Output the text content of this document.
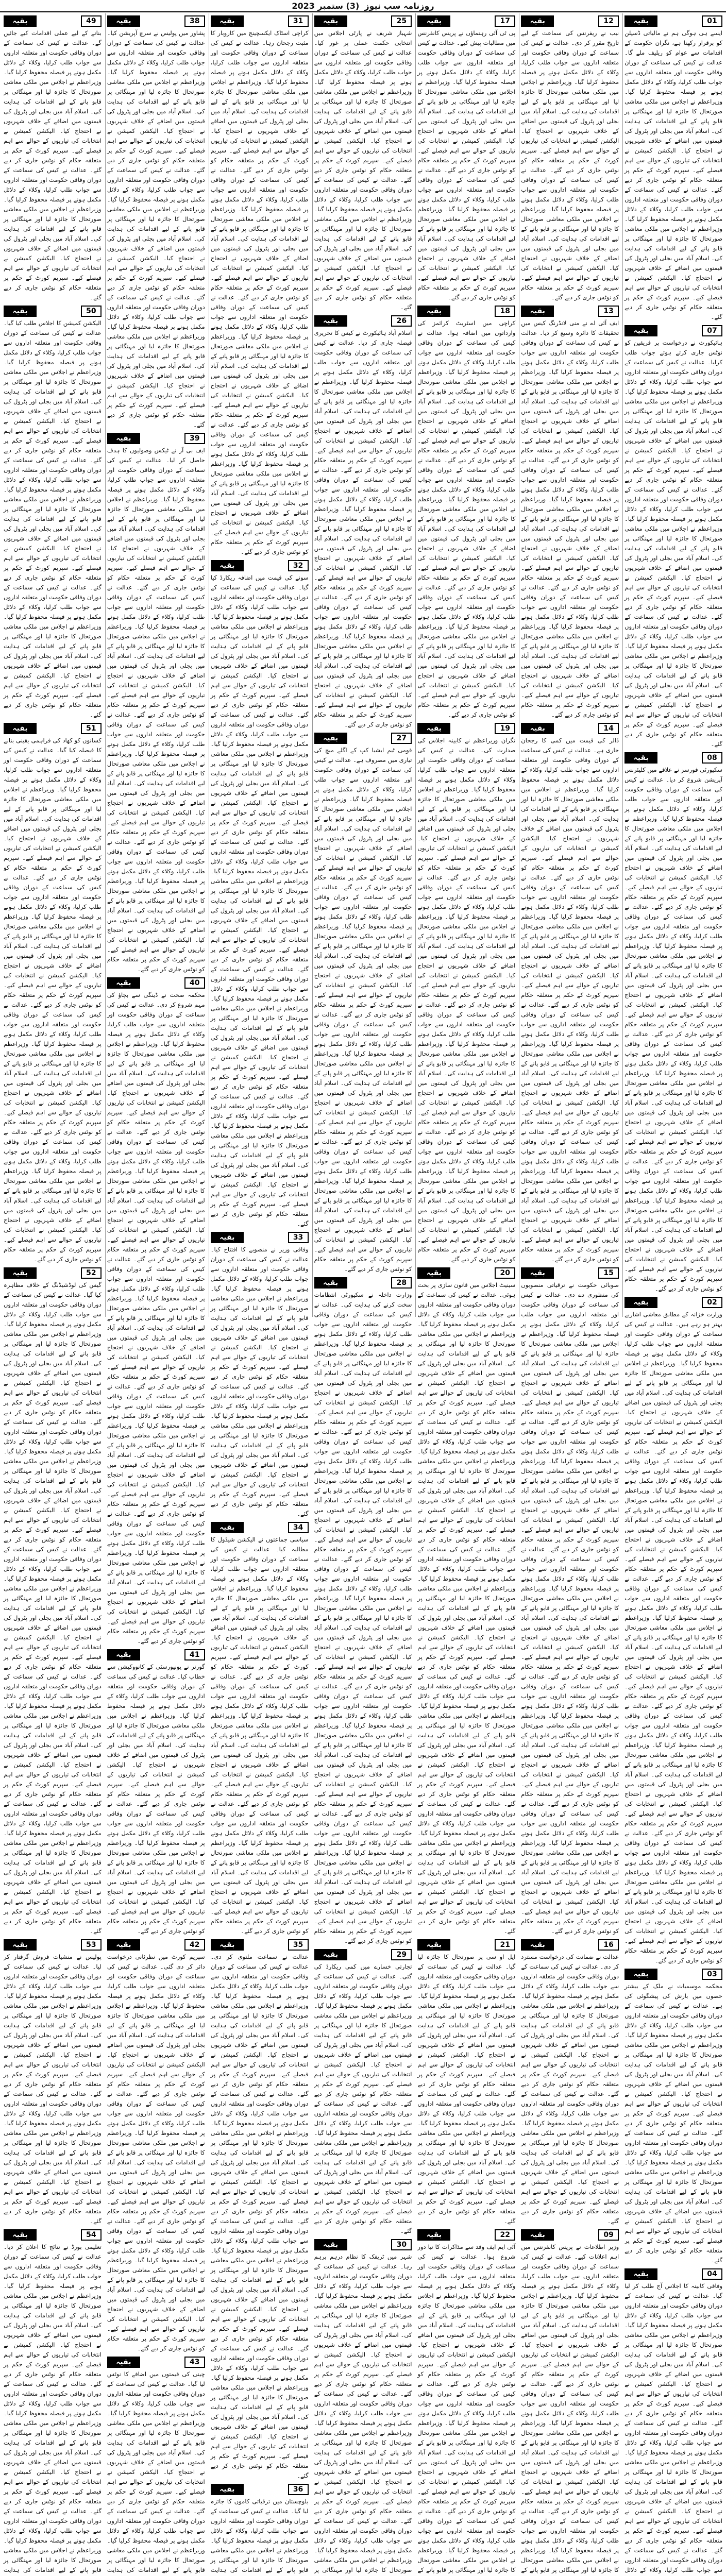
روزنامہ سب نیوز
(3) ستمبر 2023
01
بقیہ
ایسے ہی ہوگی ہم نے مالیاتی ڈسپلن کو برقرار رکھنا ہے، نگران حکومت کے اقدامات سے عوام کو ریلیف ملے گا۔ عدالت نے کیس کی سماعت کے دوران وفاقی حکومت اور متعلقہ اداروں سے جواب طلب کرلیا، وکلاء کے دلائل مکمل ہونے پر فیصلہ محفوظ کرلیا گیا۔ وزیراعظم نے اجلاس میں ملکی معاشی صورتحال کا جائزہ لیا اور مہنگائی پر قابو پانے کے لیے اقدامات کی ہدایت کی۔ اسلام آباد میں بجلی اور پٹرول کی قیمتوں میں اضافے کے خلاف شہریوں نے احتجاج کیا۔ الیکشن کمیشن نے انتخابات کی تیاریوں کے حوالے سے اہم فیصلے کیے۔ سپریم کورٹ کے حکم پر متعلقہ حکام کو نوٹس جاری کر دیے گئے۔ عدالت نے کیس کی سماعت کے دوران وفاقی حکومت اور متعلقہ اداروں سے جواب طلب کرلیا، وکلاء کے دلائل مکمل ہونے پر فیصلہ محفوظ کرلیا گیا۔ وزیراعظم نے اجلاس میں ملکی معاشی صورتحال کا جائزہ لیا اور مہنگائی پر قابو پانے کے لیے اقدامات کی ہدایت کی۔ اسلام آباد میں بجلی اور پٹرول کی قیمتوں میں اضافے کے خلاف شہریوں نے احتجاج کیا۔ الیکشن کمیشن نے انتخابات کی تیاریوں کے حوالے سے اہم فیصلے کیے۔ سپریم کورٹ کے حکم پر متعلقہ حکام کو نوٹس جاری کر دیے گئے۔
07
بقیہ
ہائیکورٹ نے درخواست پر فریقین کو نوٹس جاری کرتے ہوئے جواب طلب کرلیا۔ عدالت نے کیس کی سماعت کے دوران وفاقی حکومت اور متعلقہ اداروں سے جواب طلب کرلیا، وکلاء کے دلائل مکمل ہونے پر فیصلہ محفوظ کرلیا گیا۔ وزیراعظم نے اجلاس میں ملکی معاشی صورتحال کا جائزہ لیا اور مہنگائی پر قابو پانے کے لیے اقدامات کی ہدایت کی۔ اسلام آباد میں بجلی اور پٹرول کی قیمتوں میں اضافے کے خلاف شہریوں نے احتجاج کیا۔ الیکشن کمیشن نے انتخابات کی تیاریوں کے حوالے سے اہم فیصلے کیے۔ سپریم کورٹ کے حکم پر متعلقہ حکام کو نوٹس جاری کر دیے گئے۔ عدالت نے کیس کی سماعت کے دوران وفاقی حکومت اور متعلقہ اداروں سے جواب طلب کرلیا، وکلاء کے دلائل مکمل ہونے پر فیصلہ محفوظ کرلیا گیا۔ وزیراعظم نے اجلاس میں ملکی معاشی صورتحال کا جائزہ لیا اور مہنگائی پر قابو پانے کے لیے اقدامات کی ہدایت کی۔ اسلام آباد میں بجلی اور پٹرول کی قیمتوں میں اضافے کے خلاف شہریوں نے احتجاج کیا۔ الیکشن کمیشن نے انتخابات کی تیاریوں کے حوالے سے اہم فیصلے کیے۔ سپریم کورٹ کے حکم پر متعلقہ حکام کو نوٹس جاری کر دیے گئے۔ عدالت نے کیس کی سماعت کے دوران وفاقی حکومت اور متعلقہ اداروں سے جواب طلب کرلیا، وکلاء کے دلائل مکمل ہونے پر فیصلہ محفوظ کرلیا گیا۔ وزیراعظم نے اجلاس میں ملکی معاشی صورتحال کا جائزہ لیا اور مہنگائی پر قابو پانے کے لیے اقدامات کی ہدایت کی۔ اسلام آباد میں بجلی اور پٹرول کی قیمتوں میں اضافے کے خلاف شہریوں نے احتجاج کیا۔ الیکشن کمیشن نے انتخابات کی تیاریوں کے حوالے سے اہم فیصلے کیے۔ سپریم کورٹ کے حکم پر متعلقہ حکام کو نوٹس جاری کر دیے گئے۔
08
بقیہ
سکیورٹی فورسز نے علاقے میں کلیئرنس آپریشن شروع کر دیا۔ عدالت نے کیس کی سماعت کے دوران وفاقی حکومت اور متعلقہ اداروں سے جواب طلب کرلیا، وکلاء کے دلائل مکمل ہونے پر فیصلہ محفوظ کرلیا گیا۔ وزیراعظم نے اجلاس میں ملکی معاشی صورتحال کا جائزہ لیا اور مہنگائی پر قابو پانے کے لیے اقدامات کی ہدایت کی۔ اسلام آباد میں بجلی اور پٹرول کی قیمتوں میں اضافے کے خلاف شہریوں نے احتجاج کیا۔ الیکشن کمیشن نے انتخابات کی تیاریوں کے حوالے سے اہم فیصلے کیے۔ سپریم کورٹ کے حکم پر متعلقہ حکام کو نوٹس جاری کر دیے گئے۔ عدالت نے کیس کی سماعت کے دوران وفاقی حکومت اور متعلقہ اداروں سے جواب طلب کرلیا، وکلاء کے دلائل مکمل ہونے پر فیصلہ محفوظ کرلیا گیا۔ وزیراعظم نے اجلاس میں ملکی معاشی صورتحال کا جائزہ لیا اور مہنگائی پر قابو پانے کے لیے اقدامات کی ہدایت کی۔ اسلام آباد میں بجلی اور پٹرول کی قیمتوں میں اضافے کے خلاف شہریوں نے احتجاج کیا۔ الیکشن کمیشن نے انتخابات کی تیاریوں کے حوالے سے اہم فیصلے کیے۔ سپریم کورٹ کے حکم پر متعلقہ حکام کو نوٹس جاری کر دیے گئے۔ عدالت نے کیس کی سماعت کے دوران وفاقی حکومت اور متعلقہ اداروں سے جواب طلب کرلیا، وکلاء کے دلائل مکمل ہونے پر فیصلہ محفوظ کرلیا گیا۔ وزیراعظم نے اجلاس میں ملکی معاشی صورتحال کا جائزہ لیا اور مہنگائی پر قابو پانے کے لیے اقدامات کی ہدایت کی۔ اسلام آباد میں بجلی اور پٹرول کی قیمتوں میں اضافے کے خلاف شہریوں نے احتجاج کیا۔ الیکشن کمیشن نے انتخابات کی تیاریوں کے حوالے سے اہم فیصلے کیے۔ سپریم کورٹ کے حکم پر متعلقہ حکام کو نوٹس جاری کر دیے گئے۔ عدالت نے کیس کی سماعت کے دوران وفاقی حکومت اور متعلقہ اداروں سے جواب طلب کرلیا، وکلاء کے دلائل مکمل ہونے پر فیصلہ محفوظ کرلیا گیا۔ وزیراعظم نے اجلاس میں ملکی معاشی صورتحال کا جائزہ لیا اور مہنگائی پر قابو پانے کے لیے اقدامات کی ہدایت کی۔ اسلام آباد میں بجلی اور پٹرول کی قیمتوں میں اضافے کے خلاف شہریوں نے احتجاج کیا۔ الیکشن کمیشن نے انتخابات کی تیاریوں کے حوالے سے اہم فیصلے کیے۔ سپریم کورٹ کے حکم پر متعلقہ حکام کو نوٹس جاری کر دیے گئے۔
02
بقیہ
وزارت خزانہ کے مطابق معاشی اشاریے بہتر ہو رہے ہیں۔ عدالت نے کیس کی سماعت کے دوران وفاقی حکومت اور متعلقہ اداروں سے جواب طلب کرلیا، وکلاء کے دلائل مکمل ہونے پر فیصلہ محفوظ کرلیا گیا۔ وزیراعظم نے اجلاس میں ملکی معاشی صورتحال کا جائزہ لیا اور مہنگائی پر قابو پانے کے لیے اقدامات کی ہدایت کی۔ اسلام آباد میں بجلی اور پٹرول کی قیمتوں میں اضافے کے خلاف شہریوں نے احتجاج کیا۔ الیکشن کمیشن نے انتخابات کی تیاریوں کے حوالے سے اہم فیصلے کیے۔ سپریم کورٹ کے حکم پر متعلقہ حکام کو نوٹس جاری کر دیے گئے۔ عدالت نے کیس کی سماعت کے دوران وفاقی حکومت اور متعلقہ اداروں سے جواب طلب کرلیا، وکلاء کے دلائل مکمل ہونے پر فیصلہ محفوظ کرلیا گیا۔ وزیراعظم نے اجلاس میں ملکی معاشی صورتحال کا جائزہ لیا اور مہنگائی پر قابو پانے کے لیے اقدامات کی ہدایت کی۔ اسلام آباد میں بجلی اور پٹرول کی قیمتوں میں اضافے کے خلاف شہریوں نے احتجاج کیا۔ الیکشن کمیشن نے انتخابات کی تیاریوں کے حوالے سے اہم فیصلے کیے۔ سپریم کورٹ کے حکم پر متعلقہ حکام کو نوٹس جاری کر دیے گئے۔ عدالت نے کیس کی سماعت کے دوران وفاقی حکومت اور متعلقہ اداروں سے جواب طلب کرلیا، وکلاء کے دلائل مکمل ہونے پر فیصلہ محفوظ کرلیا گیا۔ وزیراعظم نے اجلاس میں ملکی معاشی صورتحال کا جائزہ لیا اور مہنگائی پر قابو پانے کے لیے اقدامات کی ہدایت کی۔ اسلام آباد میں بجلی اور پٹرول کی قیمتوں میں اضافے کے خلاف شہریوں نے احتجاج کیا۔ الیکشن کمیشن نے انتخابات کی تیاریوں کے حوالے سے اہم فیصلے کیے۔ سپریم کورٹ کے حکم پر متعلقہ حکام کو نوٹس جاری کر دیے گئے۔ عدالت نے کیس کی سماعت کے دوران وفاقی حکومت اور متعلقہ اداروں سے جواب طلب کرلیا، وکلاء کے دلائل مکمل ہونے پر فیصلہ محفوظ کرلیا گیا۔ وزیراعظم نے اجلاس میں ملکی معاشی صورتحال کا جائزہ لیا اور مہنگائی پر قابو پانے کے لیے اقدامات کی ہدایت کی۔ اسلام آباد میں بجلی اور پٹرول کی قیمتوں میں اضافے کے خلاف شہریوں نے احتجاج کیا۔ الیکشن کمیشن نے انتخابات کی تیاریوں کے حوالے سے اہم فیصلے کیے۔ سپریم کورٹ کے حکم پر متعلقہ حکام کو نوٹس جاری کر دیے گئے۔ عدالت نے کیس کی سماعت کے دوران وفاقی حکومت اور متعلقہ اداروں سے جواب طلب کرلیا، وکلاء کے دلائل مکمل ہونے پر فیصلہ محفوظ کرلیا گیا۔ وزیراعظم نے اجلاس میں ملکی معاشی صورتحال کا جائزہ لیا اور مہنگائی پر قابو پانے کے لیے اقدامات کی ہدایت کی۔ اسلام آباد میں بجلی اور پٹرول کی قیمتوں میں اضافے کے خلاف شہریوں نے احتجاج کیا۔ الیکشن کمیشن نے انتخابات کی تیاریوں کے حوالے سے اہم فیصلے کیے۔ سپریم کورٹ کے حکم پر متعلقہ حکام کو نوٹس جاری کر دیے گئے۔
03
بقیہ
محکمہ موسمیات نے ملک کے بیشتر حصوں میں بارش کی پیشگوئی کی ہے۔ عدالت نے کیس کی سماعت کے دوران وفاقی حکومت اور متعلقہ اداروں سے جواب طلب کرلیا، وکلاء کے دلائل مکمل ہونے پر فیصلہ محفوظ کرلیا گیا۔ وزیراعظم نے اجلاس میں ملکی معاشی صورتحال کا جائزہ لیا اور مہنگائی پر قابو پانے کے لیے اقدامات کی ہدایت کی۔ اسلام آباد میں بجلی اور پٹرول کی قیمتوں میں اضافے کے خلاف شہریوں نے احتجاج کیا۔ الیکشن کمیشن نے انتخابات کی تیاریوں کے حوالے سے اہم فیصلے کیے۔ سپریم کورٹ کے حکم پر متعلقہ حکام کو نوٹس جاری کر دیے گئے۔ عدالت نے کیس کی سماعت کے دوران وفاقی حکومت اور متعلقہ اداروں سے جواب طلب کرلیا، وکلاء کے دلائل مکمل ہونے پر فیصلہ محفوظ کرلیا گیا۔ وزیراعظم نے اجلاس میں ملکی معاشی صورتحال کا جائزہ لیا اور مہنگائی پر قابو پانے کے لیے اقدامات کی ہدایت کی۔ اسلام آباد میں بجلی اور پٹرول کی قیمتوں میں اضافے کے خلاف شہریوں نے احتجاج کیا۔ الیکشن کمیشن نے انتخابات کی تیاریوں کے حوالے سے اہم فیصلے کیے۔ سپریم کورٹ کے حکم پر متعلقہ حکام کو نوٹس جاری کر دیے گئے۔
04
بقیہ
وفاقی کابینہ کا اجلاس آج طلب کر لیا گیا۔ عدالت نے کیس کی سماعت کے دوران وفاقی حکومت اور متعلقہ اداروں سے جواب طلب کرلیا، وکلاء کے دلائل مکمل ہونے پر فیصلہ محفوظ کرلیا گیا۔ وزیراعظم نے اجلاس میں ملکی معاشی صورتحال کا جائزہ لیا اور مہنگائی پر قابو پانے کے لیے اقدامات کی ہدایت کی۔ اسلام آباد میں بجلی اور پٹرول کی قیمتوں میں اضافے کے خلاف شہریوں نے احتجاج کیا۔ الیکشن کمیشن نے انتخابات کی تیاریوں کے حوالے سے اہم فیصلے کیے۔ سپریم کورٹ کے حکم پر متعلقہ حکام کو نوٹس جاری کر دیے گئے۔ عدالت نے کیس کی سماعت کے دوران وفاقی حکومت اور متعلقہ اداروں سے جواب طلب کرلیا، وکلاء کے دلائل مکمل ہونے پر فیصلہ محفوظ کرلیا گیا۔ وزیراعظم نے اجلاس میں ملکی معاشی صورتحال کا جائزہ لیا اور مہنگائی پر قابو پانے کے لیے اقدامات کی ہدایت کی۔ اسلام آباد میں بجلی اور پٹرول کی قیمتوں میں اضافے کے خلاف شہریوں نے احتجاج کیا۔ الیکشن کمیشن نے انتخابات کی تیاریوں کے حوالے سے اہم فیصلے کیے۔ سپریم کورٹ کے حکم پر متعلقہ حکام کو نوٹس جاری کر دیے گئے۔ عدالت نے کیس کی سماعت کے دوران وفاقی حکومت اور متعلقہ اداروں سے جواب طلب کرلیا، وکلاء کے دلائل
12
بقیہ
نیب نے ریفرنس کی سماعت کے لیے تاریخ مقرر کر دی۔ عدالت نے کیس کی سماعت کے دوران وفاقی حکومت اور متعلقہ اداروں سے جواب طلب کرلیا، وکلاء کے دلائل مکمل ہونے پر فیصلہ محفوظ کرلیا گیا۔ وزیراعظم نے اجلاس میں ملکی معاشی صورتحال کا جائزہ لیا اور مہنگائی پر قابو پانے کے لیے اقدامات کی ہدایت کی۔ اسلام آباد میں بجلی اور پٹرول کی قیمتوں میں اضافے کے خلاف شہریوں نے احتجاج کیا۔ الیکشن کمیشن نے انتخابات کی تیاریوں کے حوالے سے اہم فیصلے کیے۔ سپریم کورٹ کے حکم پر متعلقہ حکام کو نوٹس جاری کر دیے گئے۔ عدالت نے کیس کی سماعت کے دوران وفاقی حکومت اور متعلقہ اداروں سے جواب طلب کرلیا، وکلاء کے دلائل مکمل ہونے پر فیصلہ محفوظ کرلیا گیا۔ وزیراعظم نے اجلاس میں ملکی معاشی صورتحال کا جائزہ لیا اور مہنگائی پر قابو پانے کے لیے اقدامات کی ہدایت کی۔ اسلام آباد میں بجلی اور پٹرول کی قیمتوں میں اضافے کے خلاف شہریوں نے احتجاج کیا۔ الیکشن کمیشن نے انتخابات کی تیاریوں کے حوالے سے اہم فیصلے کیے۔ سپریم کورٹ کے حکم پر متعلقہ حکام کو نوٹس جاری کر دیے گئے۔
13
بقیہ
ایف آئی اے نے منی لانڈرنگ کیس میں تحقیقات کا دائرہ وسیع کر دیا۔ عدالت نے کیس کی سماعت کے دوران وفاقی حکومت اور متعلقہ اداروں سے جواب طلب کرلیا، وکلاء کے دلائل مکمل ہونے پر فیصلہ محفوظ کرلیا گیا۔ وزیراعظم نے اجلاس میں ملکی معاشی صورتحال کا جائزہ لیا اور مہنگائی پر قابو پانے کے لیے اقدامات کی ہدایت کی۔ اسلام آباد میں بجلی اور پٹرول کی قیمتوں میں اضافے کے خلاف شہریوں نے احتجاج کیا۔ الیکشن کمیشن نے انتخابات کی تیاریوں کے حوالے سے اہم فیصلے کیے۔ سپریم کورٹ کے حکم پر متعلقہ حکام کو نوٹس جاری کر دیے گئے۔ عدالت نے کیس کی سماعت کے دوران وفاقی حکومت اور متعلقہ اداروں سے جواب طلب کرلیا، وکلاء کے دلائل مکمل ہونے پر فیصلہ محفوظ کرلیا گیا۔ وزیراعظم نے اجلاس میں ملکی معاشی صورتحال کا جائزہ لیا اور مہنگائی پر قابو پانے کے لیے اقدامات کی ہدایت کی۔ اسلام آباد میں بجلی اور پٹرول کی قیمتوں میں اضافے کے خلاف شہریوں نے احتجاج کیا۔ الیکشن کمیشن نے انتخابات کی تیاریوں کے حوالے سے اہم فیصلے کیے۔ سپریم کورٹ کے حکم پر متعلقہ حکام کو نوٹس جاری کر دیے گئے۔ عدالت نے کیس کی سماعت کے دوران وفاقی حکومت اور متعلقہ اداروں سے جواب طلب کرلیا، وکلاء کے دلائل مکمل ہونے پر فیصلہ محفوظ کرلیا گیا۔ وزیراعظم نے اجلاس میں ملکی معاشی صورتحال کا جائزہ لیا اور مہنگائی پر قابو پانے کے لیے اقدامات کی ہدایت کی۔ اسلام آباد میں بجلی اور پٹرول کی قیمتوں میں اضافے کے خلاف شہریوں نے احتجاج کیا۔ الیکشن کمیشن نے انتخابات کی تیاریوں کے حوالے سے اہم فیصلے کیے۔ سپریم کورٹ کے حکم پر متعلقہ حکام کو نوٹس جاری کر دیے گئے۔
14
بقیہ
ڈالر کی قیمت میں کمی کا رجحان جاری ہے۔ عدالت نے کیس کی سماعت کے دوران وفاقی حکومت اور متعلقہ اداروں سے جواب طلب کرلیا، وکلاء کے دلائل مکمل ہونے پر فیصلہ محفوظ کرلیا گیا۔ وزیراعظم نے اجلاس میں ملکی معاشی صورتحال کا جائزہ لیا اور مہنگائی پر قابو پانے کے لیے اقدامات کی ہدایت کی۔ اسلام آباد میں بجلی اور پٹرول کی قیمتوں میں اضافے کے خلاف شہریوں نے احتجاج کیا۔ الیکشن کمیشن نے انتخابات کی تیاریوں کے حوالے سے اہم فیصلے کیے۔ سپریم کورٹ کے حکم پر متعلقہ حکام کو نوٹس جاری کر دیے گئے۔ عدالت نے کیس کی سماعت کے دوران وفاقی حکومت اور متعلقہ اداروں سے جواب طلب کرلیا، وکلاء کے دلائل مکمل ہونے پر فیصلہ محفوظ کرلیا گیا۔ وزیراعظم نے اجلاس میں ملکی معاشی صورتحال کا جائزہ لیا اور مہنگائی پر قابو پانے کے لیے اقدامات کی ہدایت کی۔ اسلام آباد میں بجلی اور پٹرول کی قیمتوں میں اضافے کے خلاف شہریوں نے احتجاج کیا۔ الیکشن کمیشن نے انتخابات کی تیاریوں کے حوالے سے اہم فیصلے کیے۔ سپریم کورٹ کے حکم پر متعلقہ حکام کو نوٹس جاری کر دیے گئے۔ عدالت نے کیس کی سماعت کے دوران وفاقی حکومت اور متعلقہ اداروں سے جواب طلب کرلیا، وکلاء کے دلائل مکمل ہونے پر فیصلہ محفوظ کرلیا گیا۔ وزیراعظم نے اجلاس میں ملکی معاشی صورتحال کا جائزہ لیا اور مہنگائی پر قابو پانے کے لیے اقدامات کی ہدایت کی۔ اسلام آباد میں بجلی اور پٹرول کی قیمتوں میں اضافے کے خلاف شہریوں نے احتجاج کیا۔ الیکشن کمیشن نے انتخابات کی تیاریوں کے حوالے سے اہم فیصلے کیے۔ سپریم کورٹ کے حکم پر متعلقہ حکام کو نوٹس جاری کر دیے گئے۔ عدالت نے کیس کی سماعت کے دوران وفاقی حکومت اور متعلقہ اداروں سے جواب طلب کرلیا، وکلاء کے دلائل مکمل ہونے پر فیصلہ محفوظ کرلیا گیا۔ وزیراعظم نے اجلاس میں ملکی معاشی صورتحال کا جائزہ لیا اور مہنگائی پر قابو پانے کے لیے اقدامات کی ہدایت کی۔ اسلام آباد میں بجلی اور پٹرول کی قیمتوں میں اضافے کے خلاف شہریوں نے احتجاج کیا۔ الیکشن کمیشن نے انتخابات کی تیاریوں کے حوالے سے اہم فیصلے کیے۔ سپریم کورٹ کے حکم پر متعلقہ حکام کو نوٹس جاری کر دیے گئے۔
15
بقیہ
صوبائی حکومت نے ترقیاتی منصوبوں کی منظوری دے دی۔ عدالت نے کیس کی سماعت کے دوران وفاقی حکومت اور متعلقہ اداروں سے جواب طلب کرلیا، وکلاء کے دلائل مکمل ہونے پر فیصلہ محفوظ کرلیا گیا۔ وزیراعظم نے اجلاس میں ملکی معاشی صورتحال کا جائزہ لیا اور مہنگائی پر قابو پانے کے لیے اقدامات کی ہدایت کی۔ اسلام آباد میں بجلی اور پٹرول کی قیمتوں میں اضافے کے خلاف شہریوں نے احتجاج کیا۔ الیکشن کمیشن نے انتخابات کی تیاریوں کے حوالے سے اہم فیصلے کیے۔ سپریم کورٹ کے حکم پر متعلقہ حکام کو نوٹس جاری کر دیے گئے۔ عدالت نے کیس کی سماعت کے دوران وفاقی حکومت اور متعلقہ اداروں سے جواب طلب کرلیا، وکلاء کے دلائل مکمل ہونے پر فیصلہ محفوظ کرلیا گیا۔ وزیراعظم نے اجلاس میں ملکی معاشی صورتحال کا جائزہ لیا اور مہنگائی پر قابو پانے کے لیے اقدامات کی ہدایت کی۔ اسلام آباد میں بجلی اور پٹرول کی قیمتوں میں اضافے کے خلاف شہریوں نے احتجاج کیا۔ الیکشن کمیشن نے انتخابات کی تیاریوں کے حوالے سے اہم فیصلے کیے۔ سپریم کورٹ کے حکم پر متعلقہ حکام کو نوٹس جاری کر دیے گئے۔ عدالت نے کیس کی سماعت کے دوران وفاقی حکومت اور متعلقہ اداروں سے جواب طلب کرلیا، وکلاء کے دلائل مکمل ہونے پر فیصلہ محفوظ کرلیا گیا۔ وزیراعظم نے اجلاس میں ملکی معاشی صورتحال کا جائزہ لیا اور مہنگائی پر قابو پانے کے لیے اقدامات کی ہدایت کی۔ اسلام آباد میں بجلی اور پٹرول کی قیمتوں میں اضافے کے خلاف شہریوں نے احتجاج کیا۔ الیکشن کمیشن نے انتخابات کی تیاریوں کے حوالے سے اہم فیصلے کیے۔ سپریم کورٹ کے حکم پر متعلقہ حکام کو نوٹس جاری کر دیے گئے۔ عدالت نے کیس کی سماعت کے دوران وفاقی حکومت اور متعلقہ اداروں سے جواب طلب کرلیا، وکلاء کے دلائل مکمل ہونے پر فیصلہ محفوظ کرلیا گیا۔ وزیراعظم نے اجلاس میں ملکی معاشی صورتحال کا جائزہ لیا اور مہنگائی پر قابو پانے کے لیے اقدامات کی ہدایت کی۔ اسلام آباد میں بجلی اور پٹرول کی قیمتوں میں اضافے کے خلاف شہریوں نے احتجاج کیا۔ الیکشن کمیشن نے انتخابات کی تیاریوں کے حوالے سے اہم فیصلے کیے۔ سپریم کورٹ کے حکم پر متعلقہ حکام کو نوٹس جاری کر دیے گئے۔ عدالت نے کیس کی سماعت کے دوران وفاقی حکومت اور متعلقہ اداروں سے جواب طلب کرلیا، وکلاء کے دلائل مکمل ہونے پر فیصلہ محفوظ کرلیا گیا۔ وزیراعظم نے اجلاس میں ملکی معاشی صورتحال کا جائزہ لیا اور مہنگائی پر قابو پانے کے لیے اقدامات کی ہدایت کی۔ اسلام آباد میں بجلی اور پٹرول کی قیمتوں میں اضافے کے خلاف شہریوں نے احتجاج کیا۔ الیکشن کمیشن نے انتخابات کی تیاریوں کے حوالے سے اہم فیصلے کیے۔ سپریم کورٹ کے حکم پر متعلقہ حکام کو نوٹس جاری کر دیے گئے۔
16
بقیہ
عدالت نے ضمانت کی درخواست مسترد کر دی۔ عدالت نے کیس کی سماعت کے دوران وفاقی حکومت اور متعلقہ اداروں سے جواب طلب کرلیا، وکلاء کے دلائل مکمل ہونے پر فیصلہ محفوظ کرلیا گیا۔ وزیراعظم نے اجلاس میں ملکی معاشی صورتحال کا جائزہ لیا اور مہنگائی پر قابو پانے کے لیے اقدامات کی ہدایت کی۔ اسلام آباد میں بجلی اور پٹرول کی قیمتوں میں اضافے کے خلاف شہریوں نے احتجاج کیا۔ الیکشن کمیشن نے انتخابات کی تیاریوں کے حوالے سے اہم فیصلے کیے۔ سپریم کورٹ کے حکم پر متعلقہ حکام کو نوٹس جاری کر دیے گئے۔ عدالت نے کیس کی سماعت کے دوران وفاقی حکومت اور متعلقہ اداروں سے جواب طلب کرلیا، وکلاء کے دلائل مکمل ہونے پر فیصلہ محفوظ کرلیا گیا۔ وزیراعظم نے اجلاس میں ملکی معاشی صورتحال کا جائزہ لیا اور مہنگائی پر قابو پانے کے لیے اقدامات کی ہدایت کی۔ اسلام آباد میں بجلی اور پٹرول کی قیمتوں میں اضافے کے خلاف شہریوں نے احتجاج کیا۔ الیکشن کمیشن نے انتخابات کی تیاریوں کے حوالے سے اہم فیصلے کیے۔ سپریم کورٹ کے حکم پر متعلقہ حکام کو نوٹس جاری کر دیے گئے۔
09
بقیہ
وزیر اطلاعات نے پریس کانفرنس میں اہم اعلانات کیے۔ عدالت نے کیس کی سماعت کے دوران وفاقی حکومت اور متعلقہ اداروں سے جواب طلب کرلیا، وکلاء کے دلائل مکمل ہونے پر فیصلہ محفوظ کرلیا گیا۔ وزیراعظم نے اجلاس میں ملکی معاشی صورتحال کا جائزہ لیا اور مہنگائی پر قابو پانے کے لیے اقدامات کی ہدایت کی۔ اسلام آباد میں بجلی اور پٹرول کی قیمتوں میں اضافے کے خلاف شہریوں نے احتجاج کیا۔ الیکشن کمیشن نے انتخابات کی تیاریوں کے حوالے سے اہم فیصلے کیے۔ سپریم کورٹ کے حکم پر متعلقہ حکام کو نوٹس جاری کر دیے گئے۔ عدالت نے کیس کی سماعت کے دوران وفاقی حکومت اور متعلقہ اداروں سے جواب طلب کرلیا، وکلاء کے دلائل مکمل ہونے پر فیصلہ محفوظ کرلیا گیا۔ وزیراعظم نے اجلاس میں ملکی معاشی صورتحال کا جائزہ لیا اور مہنگائی پر قابو پانے کے لیے اقدامات کی ہدایت کی۔ اسلام آباد میں بجلی اور پٹرول کی قیمتوں میں اضافے کے خلاف شہریوں نے احتجاج کیا۔ الیکشن کمیشن نے انتخابات کی تیاریوں کے حوالے سے اہم فیصلے کیے۔ سپریم کورٹ کے حکم پر متعلقہ حکام کو نوٹس جاری کر دیے گئے۔ عدالت نے کیس کی سماعت کے دوران وفاقی حکومت اور متعلقہ اداروں سے جواب طلب کرلیا، وکلاء کے دلائل مکمل ہونے پر فیصلہ محفوظ کرلیا گیا۔ وزیراعظم نے اجلاس میں ملکی معاشی صورتحال کا جائزہ لیا اور مہنگائی پر قابو پانے کے
17
بقیہ
پی ٹی آئی رہنماؤں نے پریس کانفرنس میں مطالبات پیش کیے۔ عدالت نے کیس کی سماعت کے دوران وفاقی حکومت اور متعلقہ اداروں سے جواب طلب کرلیا، وکلاء کے دلائل مکمل ہونے پر فیصلہ محفوظ کرلیا گیا۔ وزیراعظم نے اجلاس میں ملکی معاشی صورتحال کا جائزہ لیا اور مہنگائی پر قابو پانے کے لیے اقدامات کی ہدایت کی۔ اسلام آباد میں بجلی اور پٹرول کی قیمتوں میں اضافے کے خلاف شہریوں نے احتجاج کیا۔ الیکشن کمیشن نے انتخابات کی تیاریوں کے حوالے سے اہم فیصلے کیے۔ سپریم کورٹ کے حکم پر متعلقہ حکام کو نوٹس جاری کر دیے گئے۔ عدالت نے کیس کی سماعت کے دوران وفاقی حکومت اور متعلقہ اداروں سے جواب طلب کرلیا، وکلاء کے دلائل مکمل ہونے پر فیصلہ محفوظ کرلیا گیا۔ وزیراعظم نے اجلاس میں ملکی معاشی صورتحال کا جائزہ لیا اور مہنگائی پر قابو پانے کے لیے اقدامات کی ہدایت کی۔ اسلام آباد میں بجلی اور پٹرول کی قیمتوں میں اضافے کے خلاف شہریوں نے احتجاج کیا۔ الیکشن کمیشن نے انتخابات کی تیاریوں کے حوالے سے اہم فیصلے کیے۔ سپریم کورٹ کے حکم پر متعلقہ حکام کو نوٹس جاری کر دیے گئے۔
18
بقیہ
کراچی میں اسٹریٹ کرائمز کی وارداتوں میں اضافہ ہوا۔ عدالت نے کیس کی سماعت کے دوران وفاقی حکومت اور متعلقہ اداروں سے جواب طلب کرلیا، وکلاء کے دلائل مکمل ہونے پر فیصلہ محفوظ کرلیا گیا۔ وزیراعظم نے اجلاس میں ملکی معاشی صورتحال کا جائزہ لیا اور مہنگائی پر قابو پانے کے لیے اقدامات کی ہدایت کی۔ اسلام آباد میں بجلی اور پٹرول کی قیمتوں میں اضافے کے خلاف شہریوں نے احتجاج کیا۔ الیکشن کمیشن نے انتخابات کی تیاریوں کے حوالے سے اہم فیصلے کیے۔ سپریم کورٹ کے حکم پر متعلقہ حکام کو نوٹس جاری کر دیے گئے۔ عدالت نے کیس کی سماعت کے دوران وفاقی حکومت اور متعلقہ اداروں سے جواب طلب کرلیا، وکلاء کے دلائل مکمل ہونے پر فیصلہ محفوظ کرلیا گیا۔ وزیراعظم نے اجلاس میں ملکی معاشی صورتحال کا جائزہ لیا اور مہنگائی پر قابو پانے کے لیے اقدامات کی ہدایت کی۔ اسلام آباد میں بجلی اور پٹرول کی قیمتوں میں اضافے کے خلاف شہریوں نے احتجاج کیا۔ الیکشن کمیشن نے انتخابات کی تیاریوں کے حوالے سے اہم فیصلے کیے۔ سپریم کورٹ کے حکم پر متعلقہ حکام کو نوٹس جاری کر دیے گئے۔ عدالت نے کیس کی سماعت کے دوران وفاقی حکومت اور متعلقہ اداروں سے جواب طلب کرلیا، وکلاء کے دلائل مکمل ہونے پر فیصلہ محفوظ کرلیا گیا۔ وزیراعظم نے اجلاس میں ملکی معاشی صورتحال کا جائزہ لیا اور مہنگائی پر قابو پانے کے لیے اقدامات کی ہدایت کی۔ اسلام آباد میں بجلی اور پٹرول کی قیمتوں میں اضافے کے خلاف شہریوں نے احتجاج کیا۔ الیکشن کمیشن نے انتخابات کی تیاریوں کے حوالے سے اہم فیصلے کیے۔ سپریم کورٹ کے حکم پر متعلقہ حکام کو نوٹس جاری کر دیے گئے۔
19
بقیہ
نگران وزیراعظم نے کابینہ اجلاس کی صدارت کی۔ عدالت نے کیس کی سماعت کے دوران وفاقی حکومت اور متعلقہ اداروں سے جواب طلب کرلیا، وکلاء کے دلائل مکمل ہونے پر فیصلہ محفوظ کرلیا گیا۔ وزیراعظم نے اجلاس میں ملکی معاشی صورتحال کا جائزہ لیا اور مہنگائی پر قابو پانے کے لیے اقدامات کی ہدایت کی۔ اسلام آباد میں بجلی اور پٹرول کی قیمتوں میں اضافے کے خلاف شہریوں نے احتجاج کیا۔ الیکشن کمیشن نے انتخابات کی تیاریوں کے حوالے سے اہم فیصلے کیے۔ سپریم کورٹ کے حکم پر متعلقہ حکام کو نوٹس جاری کر دیے گئے۔ عدالت نے کیس کی سماعت کے دوران وفاقی حکومت اور متعلقہ اداروں سے جواب طلب کرلیا، وکلاء کے دلائل مکمل ہونے پر فیصلہ محفوظ کرلیا گیا۔ وزیراعظم نے اجلاس میں ملکی معاشی صورتحال کا جائزہ لیا اور مہنگائی پر قابو پانے کے لیے اقدامات کی ہدایت کی۔ اسلام آباد میں بجلی اور پٹرول کی قیمتوں میں اضافے کے خلاف شہریوں نے احتجاج کیا۔ الیکشن کمیشن نے انتخابات کی تیاریوں کے حوالے سے اہم فیصلے کیے۔ سپریم کورٹ کے حکم پر متعلقہ حکام کو نوٹس جاری کر دیے گئے۔ عدالت نے کیس کی سماعت کے دوران وفاقی حکومت اور متعلقہ اداروں سے جواب طلب کرلیا، وکلاء کے دلائل مکمل ہونے پر فیصلہ محفوظ کرلیا گیا۔ وزیراعظم نے اجلاس میں ملکی معاشی صورتحال کا جائزہ لیا اور مہنگائی پر قابو پانے کے لیے اقدامات کی ہدایت کی۔ اسلام آباد میں بجلی اور پٹرول کی قیمتوں میں اضافے کے خلاف شہریوں نے احتجاج کیا۔ الیکشن کمیشن نے انتخابات کی تیاریوں کے حوالے سے اہم فیصلے کیے۔ سپریم کورٹ کے حکم پر متعلقہ حکام کو نوٹس جاری کر دیے گئے۔ عدالت نے کیس کی سماعت کے دوران وفاقی حکومت اور متعلقہ اداروں سے جواب طلب کرلیا، وکلاء کے دلائل مکمل ہونے پر فیصلہ محفوظ کرلیا گیا۔ وزیراعظم نے اجلاس میں ملکی معاشی صورتحال کا جائزہ لیا اور مہنگائی پر قابو پانے کے لیے اقدامات کی ہدایت کی۔ اسلام آباد میں بجلی اور پٹرول کی قیمتوں میں اضافے کے خلاف شہریوں نے احتجاج کیا۔ الیکشن کمیشن نے انتخابات کی تیاریوں کے حوالے سے اہم فیصلے کیے۔ سپریم کورٹ کے حکم پر متعلقہ حکام کو نوٹس جاری کر دیے گئے۔
20
بقیہ
سینیٹ اجلاس میں قانون سازی پر بحث ہوئی۔ عدالت نے کیس کی سماعت کے دوران وفاقی حکومت اور متعلقہ اداروں سے جواب طلب کرلیا، وکلاء کے دلائل مکمل ہونے پر فیصلہ محفوظ کرلیا گیا۔ وزیراعظم نے اجلاس میں ملکی معاشی صورتحال کا جائزہ لیا اور مہنگائی پر قابو پانے کے لیے اقدامات کی ہدایت کی۔ اسلام آباد میں بجلی اور پٹرول کی قیمتوں میں اضافے کے خلاف شہریوں نے احتجاج کیا۔ الیکشن کمیشن نے انتخابات کی تیاریوں کے حوالے سے اہم فیصلے کیے۔ سپریم کورٹ کے حکم پر متعلقہ حکام کو نوٹس جاری کر دیے گئے۔ عدالت نے کیس کی سماعت کے دوران وفاقی حکومت اور متعلقہ اداروں سے جواب طلب کرلیا، وکلاء کے دلائل مکمل ہونے پر فیصلہ محفوظ کرلیا گیا۔ وزیراعظم نے اجلاس میں ملکی معاشی صورتحال کا جائزہ لیا اور مہنگائی پر قابو پانے کے لیے اقدامات کی ہدایت کی۔ اسلام آباد میں بجلی اور پٹرول کی قیمتوں میں اضافے کے خلاف شہریوں نے احتجاج کیا۔ الیکشن کمیشن نے انتخابات کی تیاریوں کے حوالے سے اہم فیصلے کیے۔ سپریم کورٹ کے حکم پر متعلقہ حکام کو نوٹس جاری کر دیے گئے۔ عدالت نے کیس کی سماعت کے دوران وفاقی حکومت اور متعلقہ اداروں سے جواب طلب کرلیا، وکلاء کے دلائل مکمل ہونے پر فیصلہ محفوظ کرلیا گیا۔ وزیراعظم نے اجلاس میں ملکی معاشی صورتحال کا جائزہ لیا اور مہنگائی پر قابو پانے کے لیے اقدامات کی ہدایت کی۔ اسلام آباد میں بجلی اور پٹرول کی قیمتوں میں اضافے کے خلاف شہریوں نے احتجاج کیا۔ الیکشن کمیشن نے انتخابات کی تیاریوں کے حوالے سے اہم فیصلے کیے۔ سپریم کورٹ کے حکم پر متعلقہ حکام کو نوٹس جاری کر دیے گئے۔ عدالت نے کیس کی سماعت کے دوران وفاقی حکومت اور متعلقہ اداروں سے جواب طلب کرلیا، وکلاء کے دلائل مکمل ہونے پر فیصلہ محفوظ کرلیا گیا۔ وزیراعظم نے اجلاس میں ملکی معاشی صورتحال کا جائزہ لیا اور مہنگائی پر قابو پانے کے لیے اقدامات کی ہدایت کی۔ اسلام آباد میں بجلی اور پٹرول کی قیمتوں میں اضافے کے خلاف شہریوں نے احتجاج کیا۔ الیکشن کمیشن نے انتخابات کی تیاریوں کے حوالے سے اہم فیصلے کیے۔ سپریم کورٹ کے حکم پر متعلقہ حکام کو نوٹس جاری کر دیے گئے۔ عدالت نے کیس کی سماعت کے دوران وفاقی حکومت اور متعلقہ اداروں سے جواب طلب کرلیا، وکلاء کے دلائل مکمل ہونے پر فیصلہ محفوظ کرلیا گیا۔ وزیراعظم نے اجلاس میں ملکی معاشی صورتحال کا جائزہ لیا اور مہنگائی پر قابو پانے کے لیے اقدامات کی ہدایت کی۔ اسلام آباد میں بجلی اور پٹرول کی قیمتوں میں اضافے کے خلاف شہریوں نے احتجاج کیا۔ الیکشن کمیشن نے انتخابات کی تیاریوں کے حوالے سے اہم فیصلے کیے۔ سپریم کورٹ کے حکم پر متعلقہ حکام کو نوٹس جاری کر دیے گئے۔
21
بقیہ
ایل او سی پر صورتحال کا جائزہ لیا گیا۔ عدالت نے کیس کی سماعت کے دوران وفاقی حکومت اور متعلقہ اداروں سے جواب طلب کرلیا، وکلاء کے دلائل مکمل ہونے پر فیصلہ محفوظ کرلیا گیا۔ وزیراعظم نے اجلاس میں ملکی معاشی صورتحال کا جائزہ لیا اور مہنگائی پر قابو پانے کے لیے اقدامات کی ہدایت کی۔ اسلام آباد میں بجلی اور پٹرول کی قیمتوں میں اضافے کے خلاف شہریوں نے احتجاج کیا۔ الیکشن کمیشن نے انتخابات کی تیاریوں کے حوالے سے اہم فیصلے کیے۔ سپریم کورٹ کے حکم پر متعلقہ حکام کو نوٹس جاری کر دیے گئے۔ عدالت نے کیس کی سماعت کے دوران وفاقی حکومت اور متعلقہ اداروں سے جواب طلب کرلیا، وکلاء کے دلائل مکمل ہونے پر فیصلہ محفوظ کرلیا گیا۔ وزیراعظم نے اجلاس میں ملکی معاشی صورتحال کا جائزہ لیا اور مہنگائی پر قابو پانے کے لیے اقدامات کی ہدایت کی۔ اسلام آباد میں بجلی اور پٹرول کی قیمتوں میں اضافے کے خلاف شہریوں نے احتجاج کیا۔ الیکشن کمیشن نے انتخابات کی تیاریوں کے حوالے سے اہم فیصلے کیے۔ سپریم کورٹ کے حکم پر متعلقہ حکام کو نوٹس جاری کر دیے گئے۔
22
بقیہ
آئی ایم ایف وفد سے مذاکرات کا نیا دور شروع ہوا۔ عدالت نے کیس کی سماعت کے دوران وفاقی حکومت اور متعلقہ اداروں سے جواب طلب کرلیا، وکلاء کے دلائل مکمل ہونے پر فیصلہ محفوظ کرلیا گیا۔ وزیراعظم نے اجلاس میں ملکی معاشی صورتحال کا جائزہ لیا اور مہنگائی پر قابو پانے کے لیے اقدامات کی ہدایت کی۔ اسلام آباد میں بجلی اور پٹرول کی قیمتوں میں اضافے کے خلاف شہریوں نے احتجاج کیا۔ الیکشن کمیشن نے انتخابات کی تیاریوں کے حوالے سے اہم فیصلے کیے۔ سپریم کورٹ کے حکم پر متعلقہ حکام کو نوٹس جاری کر دیے گئے۔ عدالت نے کیس کی سماعت کے دوران وفاقی حکومت اور متعلقہ اداروں سے جواب طلب کرلیا، وکلاء کے دلائل مکمل ہونے پر فیصلہ محفوظ کرلیا گیا۔ وزیراعظم نے اجلاس میں ملکی معاشی صورتحال کا جائزہ لیا اور مہنگائی پر قابو پانے کے لیے اقدامات کی ہدایت کی۔ اسلام آباد میں بجلی اور پٹرول کی قیمتوں میں اضافے کے خلاف شہریوں نے احتجاج کیا۔ الیکشن کمیشن نے انتخابات کی تیاریوں کے حوالے سے اہم فیصلے کیے۔ سپریم کورٹ کے حکم پر متعلقہ حکام کو نوٹس جاری کر دیے گئے۔ عدالت نے کیس کی سماعت کے دوران وفاقی حکومت اور متعلقہ اداروں سے جواب طلب کرلیا، وکلاء کے دلائل مکمل ہونے پر فیصلہ محفوظ کرلیا گیا۔ وزیراعظم نے اجلاس میں ملکی معاشی صورتحال کا جائزہ لیا اور مہنگائی پر قابو پانے کے
25
بقیہ
شہباز شریف نے پارٹی اجلاس میں انتخابی حکمت عملی پر غور کیا۔ عدالت نے کیس کی سماعت کے دوران وفاقی حکومت اور متعلقہ اداروں سے جواب طلب کرلیا، وکلاء کے دلائل مکمل ہونے پر فیصلہ محفوظ کرلیا گیا۔ وزیراعظم نے اجلاس میں ملکی معاشی صورتحال کا جائزہ لیا اور مہنگائی پر قابو پانے کے لیے اقدامات کی ہدایت کی۔ اسلام آباد میں بجلی اور پٹرول کی قیمتوں میں اضافے کے خلاف شہریوں نے احتجاج کیا۔ الیکشن کمیشن نے انتخابات کی تیاریوں کے حوالے سے اہم فیصلے کیے۔ سپریم کورٹ کے حکم پر متعلقہ حکام کو نوٹس جاری کر دیے گئے۔ عدالت نے کیس کی سماعت کے دوران وفاقی حکومت اور متعلقہ اداروں سے جواب طلب کرلیا، وکلاء کے دلائل مکمل ہونے پر فیصلہ محفوظ کرلیا گیا۔ وزیراعظم نے اجلاس میں ملکی معاشی صورتحال کا جائزہ لیا اور مہنگائی پر قابو پانے کے لیے اقدامات کی ہدایت کی۔ اسلام آباد میں بجلی اور پٹرول کی قیمتوں میں اضافے کے خلاف شہریوں نے احتجاج کیا۔ الیکشن کمیشن نے انتخابات کی تیاریوں کے حوالے سے اہم فیصلے کیے۔ سپریم کورٹ کے حکم پر متعلقہ حکام کو نوٹس جاری کر دیے گئے۔
26
بقیہ
اسلام آباد ہائیکورٹ نے کیس کا تحریری فیصلہ جاری کر دیا۔ عدالت نے کیس کی سماعت کے دوران وفاقی حکومت اور متعلقہ اداروں سے جواب طلب کرلیا، وکلاء کے دلائل مکمل ہونے پر فیصلہ محفوظ کرلیا گیا۔ وزیراعظم نے اجلاس میں ملکی معاشی صورتحال کا جائزہ لیا اور مہنگائی پر قابو پانے کے لیے اقدامات کی ہدایت کی۔ اسلام آباد میں بجلی اور پٹرول کی قیمتوں میں اضافے کے خلاف شہریوں نے احتجاج کیا۔ الیکشن کمیشن نے انتخابات کی تیاریوں کے حوالے سے اہم فیصلے کیے۔ سپریم کورٹ کے حکم پر متعلقہ حکام کو نوٹس جاری کر دیے گئے۔ عدالت نے کیس کی سماعت کے دوران وفاقی حکومت اور متعلقہ اداروں سے جواب طلب کرلیا، وکلاء کے دلائل مکمل ہونے پر فیصلہ محفوظ کرلیا گیا۔ وزیراعظم نے اجلاس میں ملکی معاشی صورتحال کا جائزہ لیا اور مہنگائی پر قابو پانے کے لیے اقدامات کی ہدایت کی۔ اسلام آباد میں بجلی اور پٹرول کی قیمتوں میں اضافے کے خلاف شہریوں نے احتجاج کیا۔ الیکشن کمیشن نے انتخابات کی تیاریوں کے حوالے سے اہم فیصلے کیے۔ سپریم کورٹ کے حکم پر متعلقہ حکام کو نوٹس جاری کر دیے گئے۔ عدالت نے کیس کی سماعت کے دوران وفاقی حکومت اور متعلقہ اداروں سے جواب طلب کرلیا، وکلاء کے دلائل مکمل ہونے پر فیصلہ محفوظ کرلیا گیا۔ وزیراعظم نے اجلاس میں ملکی معاشی صورتحال کا جائزہ لیا اور مہنگائی پر قابو پانے کے لیے اقدامات کی ہدایت کی۔ اسلام آباد میں بجلی اور پٹرول کی قیمتوں میں اضافے کے خلاف شہریوں نے احتجاج کیا۔ الیکشن کمیشن نے انتخابات کی تیاریوں کے حوالے سے اہم فیصلے کیے۔ سپریم کورٹ کے حکم پر متعلقہ حکام کو نوٹس جاری کر دیے گئے۔
27
بقیہ
قومی ٹیم ایشیا کپ کے اگلے میچ کی تیاری میں مصروف ہے۔ عدالت نے کیس کی سماعت کے دوران وفاقی حکومت اور متعلقہ اداروں سے جواب طلب کرلیا، وکلاء کے دلائل مکمل ہونے پر فیصلہ محفوظ کرلیا گیا۔ وزیراعظم نے اجلاس میں ملکی معاشی صورتحال کا جائزہ لیا اور مہنگائی پر قابو پانے کے لیے اقدامات کی ہدایت کی۔ اسلام آباد میں بجلی اور پٹرول کی قیمتوں میں اضافے کے خلاف شہریوں نے احتجاج کیا۔ الیکشن کمیشن نے انتخابات کی تیاریوں کے حوالے سے اہم فیصلے کیے۔ سپریم کورٹ کے حکم پر متعلقہ حکام کو نوٹس جاری کر دیے گئے۔ عدالت نے کیس کی سماعت کے دوران وفاقی حکومت اور متعلقہ اداروں سے جواب طلب کرلیا، وکلاء کے دلائل مکمل ہونے پر فیصلہ محفوظ کرلیا گیا۔ وزیراعظم نے اجلاس میں ملکی معاشی صورتحال کا جائزہ لیا اور مہنگائی پر قابو پانے کے لیے اقدامات کی ہدایت کی۔ اسلام آباد میں بجلی اور پٹرول کی قیمتوں میں اضافے کے خلاف شہریوں نے احتجاج کیا۔ الیکشن کمیشن نے انتخابات کی تیاریوں کے حوالے سے اہم فیصلے کیے۔ سپریم کورٹ کے حکم پر متعلقہ حکام کو نوٹس جاری کر دیے گئے۔ عدالت نے کیس کی سماعت کے دوران وفاقی حکومت اور متعلقہ اداروں سے جواب طلب کرلیا، وکلاء کے دلائل مکمل ہونے پر فیصلہ محفوظ کرلیا گیا۔ وزیراعظم نے اجلاس میں ملکی معاشی صورتحال کا جائزہ لیا اور مہنگائی پر قابو پانے کے لیے اقدامات کی ہدایت کی۔ اسلام آباد میں بجلی اور پٹرول کی قیمتوں میں اضافے کے خلاف شہریوں نے احتجاج کیا۔ الیکشن کمیشن نے انتخابات کی تیاریوں کے حوالے سے اہم فیصلے کیے۔ سپریم کورٹ کے حکم پر متعلقہ حکام کو نوٹس جاری کر دیے گئے۔ عدالت نے کیس کی سماعت کے دوران وفاقی حکومت اور متعلقہ اداروں سے جواب طلب کرلیا، وکلاء کے دلائل مکمل ہونے پر فیصلہ محفوظ کرلیا گیا۔ وزیراعظم نے اجلاس میں ملکی معاشی صورتحال کا جائزہ لیا اور مہنگائی پر قابو پانے کے لیے اقدامات کی ہدایت کی۔ اسلام آباد میں بجلی اور پٹرول کی قیمتوں میں اضافے کے خلاف شہریوں نے احتجاج کیا۔ الیکشن کمیشن نے انتخابات کی تیاریوں کے حوالے سے اہم فیصلے کیے۔ سپریم کورٹ کے حکم پر متعلقہ حکام کو نوٹس جاری کر دیے گئے۔
28
بقیہ
وزارت داخلہ نے سکیورٹی انتظامات سخت کرنے کی ہدایت کی۔ عدالت نے کیس کی سماعت کے دوران وفاقی حکومت اور متعلقہ اداروں سے جواب طلب کرلیا، وکلاء کے دلائل مکمل ہونے پر فیصلہ محفوظ کرلیا گیا۔ وزیراعظم نے اجلاس میں ملکی معاشی صورتحال کا جائزہ لیا اور مہنگائی پر قابو پانے کے لیے اقدامات کی ہدایت کی۔ اسلام آباد میں بجلی اور پٹرول کی قیمتوں میں اضافے کے خلاف شہریوں نے احتجاج کیا۔ الیکشن کمیشن نے انتخابات کی تیاریوں کے حوالے سے اہم فیصلے کیے۔ سپریم کورٹ کے حکم پر متعلقہ حکام کو نوٹس جاری کر دیے گئے۔ عدالت نے کیس کی سماعت کے دوران وفاقی حکومت اور متعلقہ اداروں سے جواب طلب کرلیا، وکلاء کے دلائل مکمل ہونے پر فیصلہ محفوظ کرلیا گیا۔ وزیراعظم نے اجلاس میں ملکی معاشی صورتحال کا جائزہ لیا اور مہنگائی پر قابو پانے کے لیے اقدامات کی ہدایت کی۔ اسلام آباد میں بجلی اور پٹرول کی قیمتوں میں اضافے کے خلاف شہریوں نے احتجاج کیا۔ الیکشن کمیشن نے انتخابات کی تیاریوں کے حوالے سے اہم فیصلے کیے۔ سپریم کورٹ کے حکم پر متعلقہ حکام کو نوٹس جاری کر دیے گئے۔ عدالت نے کیس کی سماعت کے دوران وفاقی حکومت اور متعلقہ اداروں سے جواب طلب کرلیا، وکلاء کے دلائل مکمل ہونے پر فیصلہ محفوظ کرلیا گیا۔ وزیراعظم نے اجلاس میں ملکی معاشی صورتحال کا جائزہ لیا اور مہنگائی پر قابو پانے کے لیے اقدامات کی ہدایت کی۔ اسلام آباد میں بجلی اور پٹرول کی قیمتوں میں اضافے کے خلاف شہریوں نے احتجاج کیا۔ الیکشن کمیشن نے انتخابات کی تیاریوں کے حوالے سے اہم فیصلے کیے۔ سپریم کورٹ کے حکم پر متعلقہ حکام کو نوٹس جاری کر دیے گئے۔ عدالت نے کیس کی سماعت کے دوران وفاقی حکومت اور متعلقہ اداروں سے جواب طلب کرلیا، وکلاء کے دلائل مکمل ہونے پر فیصلہ محفوظ کرلیا گیا۔ وزیراعظم نے اجلاس میں ملکی معاشی صورتحال کا جائزہ لیا اور مہنگائی پر قابو پانے کے لیے اقدامات کی ہدایت کی۔ اسلام آباد میں بجلی اور پٹرول کی قیمتوں میں اضافے کے خلاف شہریوں نے احتجاج کیا۔ الیکشن کمیشن نے انتخابات کی تیاریوں کے حوالے سے اہم فیصلے کیے۔ سپریم کورٹ کے حکم پر متعلقہ حکام کو نوٹس جاری کر دیے گئے۔ عدالت نے کیس کی سماعت کے دوران وفاقی حکومت اور متعلقہ اداروں سے جواب طلب کرلیا، وکلاء کے دلائل مکمل ہونے پر فیصلہ محفوظ کرلیا گیا۔ وزیراعظم نے اجلاس میں ملکی معاشی صورتحال کا جائزہ لیا اور مہنگائی پر قابو پانے کے لیے اقدامات کی ہدایت کی۔ اسلام آباد میں بجلی اور پٹرول کی قیمتوں میں اضافے کے خلاف شہریوں نے احتجاج کیا۔ الیکشن کمیشن نے انتخابات کی تیاریوں کے حوالے سے اہم فیصلے کیے۔ سپریم کورٹ کے حکم پر متعلقہ حکام کو نوٹس جاری کر دیے گئے۔
29
بقیہ
تجارتی خسارے میں کمی ریکارڈ کی گئی۔ عدالت نے کیس کی سماعت کے دوران وفاقی حکومت اور متعلقہ اداروں سے جواب طلب کرلیا، وکلاء کے دلائل مکمل ہونے پر فیصلہ محفوظ کرلیا گیا۔ وزیراعظم نے اجلاس میں ملکی معاشی صورتحال کا جائزہ لیا اور مہنگائی پر قابو پانے کے لیے اقدامات کی ہدایت کی۔ اسلام آباد میں بجلی اور پٹرول کی قیمتوں میں اضافے کے خلاف شہریوں نے احتجاج کیا۔ الیکشن کمیشن نے انتخابات کی تیاریوں کے حوالے سے اہم فیصلے کیے۔ سپریم کورٹ کے حکم پر متعلقہ حکام کو نوٹس جاری کر دیے گئے۔ عدالت نے کیس کی سماعت کے دوران وفاقی حکومت اور متعلقہ اداروں سے جواب طلب کرلیا، وکلاء کے دلائل مکمل ہونے پر فیصلہ محفوظ کرلیا گیا۔ وزیراعظم نے اجلاس میں ملکی معاشی صورتحال کا جائزہ لیا اور مہنگائی پر قابو پانے کے لیے اقدامات کی ہدایت کی۔ اسلام آباد میں بجلی اور پٹرول کی قیمتوں میں اضافے کے خلاف شہریوں نے احتجاج کیا۔ الیکشن کمیشن نے انتخابات کی تیاریوں کے حوالے سے اہم فیصلے کیے۔ سپریم کورٹ کے حکم پر متعلقہ حکام کو نوٹس جاری کر دیے گئے۔
30
بقیہ
شہر میں ٹریفک کا نظام درہم برہم رہا۔ عدالت نے کیس کی سماعت کے دوران وفاقی حکومت اور متعلقہ اداروں سے جواب طلب کرلیا، وکلاء کے دلائل مکمل ہونے پر فیصلہ محفوظ کرلیا گیا۔ وزیراعظم نے اجلاس میں ملکی معاشی صورتحال کا جائزہ لیا اور مہنگائی پر قابو پانے کے لیے اقدامات کی ہدایت کی۔ اسلام آباد میں بجلی اور پٹرول کی قیمتوں میں اضافے کے خلاف شہریوں نے احتجاج کیا۔ الیکشن کمیشن نے انتخابات کی تیاریوں کے حوالے سے اہم فیصلے کیے۔ سپریم کورٹ کے حکم پر متعلقہ حکام کو نوٹس جاری کر دیے گئے۔ عدالت نے کیس کی سماعت کے دوران وفاقی حکومت اور متعلقہ اداروں سے جواب طلب کرلیا، وکلاء کے دلائل مکمل ہونے پر فیصلہ محفوظ کرلیا گیا۔ وزیراعظم نے اجلاس میں ملکی معاشی صورتحال کا جائزہ لیا اور مہنگائی پر قابو پانے کے لیے اقدامات کی ہدایت کی۔ اسلام آباد میں بجلی اور پٹرول کی قیمتوں میں اضافے کے خلاف شہریوں نے احتجاج کیا۔ الیکشن کمیشن نے انتخابات کی تیاریوں کے حوالے سے اہم فیصلے کیے۔ سپریم کورٹ کے حکم پر متعلقہ حکام کو نوٹس جاری کر دیے گئے۔ عدالت نے کیس کی سماعت کے دوران وفاقی حکومت اور متعلقہ اداروں سے جواب طلب کرلیا، وکلاء کے دلائل مکمل ہونے پر فیصلہ محفوظ کرلیا گیا۔ وزیراعظم نے اجلاس میں ملکی معاشی صورتحال کا جائزہ لیا اور مہنگائی پر
31
بقیہ
کراچی اسٹاک ایکسچینج میں کاروبار کا مثبت رجحان رہا۔ عدالت نے کیس کی سماعت کے دوران وفاقی حکومت اور متعلقہ اداروں سے جواب طلب کرلیا، وکلاء کے دلائل مکمل ہونے پر فیصلہ محفوظ کرلیا گیا۔ وزیراعظم نے اجلاس میں ملکی معاشی صورتحال کا جائزہ لیا اور مہنگائی پر قابو پانے کے لیے اقدامات کی ہدایت کی۔ اسلام آباد میں بجلی اور پٹرول کی قیمتوں میں اضافے کے خلاف شہریوں نے احتجاج کیا۔ الیکشن کمیشن نے انتخابات کی تیاریوں کے حوالے سے اہم فیصلے کیے۔ سپریم کورٹ کے حکم پر متعلقہ حکام کو نوٹس جاری کر دیے گئے۔ عدالت نے کیس کی سماعت کے دوران وفاقی حکومت اور متعلقہ اداروں سے جواب طلب کرلیا، وکلاء کے دلائل مکمل ہونے پر فیصلہ محفوظ کرلیا گیا۔ وزیراعظم نے اجلاس میں ملکی معاشی صورتحال کا جائزہ لیا اور مہنگائی پر قابو پانے کے لیے اقدامات کی ہدایت کی۔ اسلام آباد میں بجلی اور پٹرول کی قیمتوں میں اضافے کے خلاف شہریوں نے احتجاج کیا۔ الیکشن کمیشن نے انتخابات کی تیاریوں کے حوالے سے اہم فیصلے کیے۔ سپریم کورٹ کے حکم پر متعلقہ حکام کو نوٹس جاری کر دیے گئے۔ عدالت نے کیس کی سماعت کے دوران وفاقی حکومت اور متعلقہ اداروں سے جواب طلب کرلیا، وکلاء کے دلائل مکمل ہونے پر فیصلہ محفوظ کرلیا گیا۔ وزیراعظم نے اجلاس میں ملکی معاشی صورتحال کا جائزہ لیا اور مہنگائی پر قابو پانے کے لیے اقدامات کی ہدایت کی۔ اسلام آباد میں بجلی اور پٹرول کی قیمتوں میں اضافے کے خلاف شہریوں نے احتجاج کیا۔ الیکشن کمیشن نے انتخابات کی تیاریوں کے حوالے سے اہم فیصلے کیے۔ سپریم کورٹ کے حکم پر متعلقہ حکام کو نوٹس جاری کر دیے گئے۔ عدالت نے کیس کی سماعت کے دوران وفاقی حکومت اور متعلقہ اداروں سے جواب طلب کرلیا، وکلاء کے دلائل مکمل ہونے پر فیصلہ محفوظ کرلیا گیا۔ وزیراعظم نے اجلاس میں ملکی معاشی صورتحال کا جائزہ لیا اور مہنگائی پر قابو پانے کے لیے اقدامات کی ہدایت کی۔ اسلام آباد میں بجلی اور پٹرول کی قیمتوں میں اضافے کے خلاف شہریوں نے احتجاج کیا۔ الیکشن کمیشن نے انتخابات کی تیاریوں کے حوالے سے اہم فیصلے کیے۔ سپریم کورٹ کے حکم پر متعلقہ حکام کو نوٹس جاری کر دیے گئے۔
32
بقیہ
سونے کی قیمت میں اضافہ ریکارڈ کیا گیا۔ عدالت نے کیس کی سماعت کے دوران وفاقی حکومت اور متعلقہ اداروں سے جواب طلب کرلیا، وکلاء کے دلائل مکمل ہونے پر فیصلہ محفوظ کرلیا گیا۔ وزیراعظم نے اجلاس میں ملکی معاشی صورتحال کا جائزہ لیا اور مہنگائی پر قابو پانے کے لیے اقدامات کی ہدایت کی۔ اسلام آباد میں بجلی اور پٹرول کی قیمتوں میں اضافے کے خلاف شہریوں نے احتجاج کیا۔ الیکشن کمیشن نے انتخابات کی تیاریوں کے حوالے سے اہم فیصلے کیے۔ سپریم کورٹ کے حکم پر متعلقہ حکام کو نوٹس جاری کر دیے گئے۔ عدالت نے کیس کی سماعت کے دوران وفاقی حکومت اور متعلقہ اداروں سے جواب طلب کرلیا، وکلاء کے دلائل مکمل ہونے پر فیصلہ محفوظ کرلیا گیا۔ وزیراعظم نے اجلاس میں ملکی معاشی صورتحال کا جائزہ لیا اور مہنگائی پر قابو پانے کے لیے اقدامات کی ہدایت کی۔ اسلام آباد میں بجلی اور پٹرول کی قیمتوں میں اضافے کے خلاف شہریوں نے احتجاج کیا۔ الیکشن کمیشن نے انتخابات کی تیاریوں کے حوالے سے اہم فیصلے کیے۔ سپریم کورٹ کے حکم پر متعلقہ حکام کو نوٹس جاری کر دیے گئے۔ عدالت نے کیس کی سماعت کے دوران وفاقی حکومت اور متعلقہ اداروں سے جواب طلب کرلیا، وکلاء کے دلائل مکمل ہونے پر فیصلہ محفوظ کرلیا گیا۔ وزیراعظم نے اجلاس میں ملکی معاشی صورتحال کا جائزہ لیا اور مہنگائی پر قابو پانے کے لیے اقدامات کی ہدایت کی۔ اسلام آباد میں بجلی اور پٹرول کی قیمتوں میں اضافے کے خلاف شہریوں نے احتجاج کیا۔ الیکشن کمیشن نے انتخابات کی تیاریوں کے حوالے سے اہم فیصلے کیے۔ سپریم کورٹ کے حکم پر متعلقہ حکام کو نوٹس جاری کر دیے گئے۔ عدالت نے کیس کی سماعت کے دوران وفاقی حکومت اور متعلقہ اداروں سے جواب طلب کرلیا، وکلاء کے دلائل مکمل ہونے پر فیصلہ محفوظ کرلیا گیا۔ وزیراعظم نے اجلاس میں ملکی معاشی صورتحال کا جائزہ لیا اور مہنگائی پر قابو پانے کے لیے اقدامات کی ہدایت کی۔ اسلام آباد میں بجلی اور پٹرول کی قیمتوں میں اضافے کے خلاف شہریوں نے احتجاج کیا۔ الیکشن کمیشن نے انتخابات کی تیاریوں کے حوالے سے اہم فیصلے کیے۔ سپریم کورٹ کے حکم پر متعلقہ حکام کو نوٹس جاری کر دیے گئے۔ عدالت نے کیس کی سماعت کے دوران وفاقی حکومت اور متعلقہ اداروں سے جواب طلب کرلیا، وکلاء کے دلائل مکمل ہونے پر فیصلہ محفوظ کرلیا گیا۔ وزیراعظم نے اجلاس میں ملکی معاشی صورتحال کا جائزہ لیا اور مہنگائی پر قابو پانے کے لیے اقدامات کی ہدایت کی۔ اسلام آباد میں بجلی اور پٹرول کی قیمتوں میں اضافے کے خلاف شہریوں نے احتجاج کیا۔ الیکشن کمیشن نے انتخابات کی تیاریوں کے حوالے سے اہم فیصلے کیے۔ سپریم کورٹ کے حکم پر متعلقہ حکام کو نوٹس جاری کر دیے گئے۔
33
بقیہ
وفاقی وزیر نے منصوبے کا افتتاح کیا۔ عدالت نے کیس کی سماعت کے دوران وفاقی حکومت اور متعلقہ اداروں سے جواب طلب کرلیا، وکلاء کے دلائل مکمل ہونے پر فیصلہ محفوظ کرلیا گیا۔ وزیراعظم نے اجلاس میں ملکی معاشی صورتحال کا جائزہ لیا اور مہنگائی پر قابو پانے کے لیے اقدامات کی ہدایت کی۔ اسلام آباد میں بجلی اور پٹرول کی قیمتوں میں اضافے کے خلاف شہریوں نے احتجاج کیا۔ الیکشن کمیشن نے انتخابات کی تیاریوں کے حوالے سے اہم فیصلے کیے۔ سپریم کورٹ کے حکم پر متعلقہ حکام کو نوٹس جاری کر دیے گئے۔ عدالت نے کیس کی سماعت کے دوران وفاقی حکومت اور متعلقہ اداروں سے جواب طلب کرلیا، وکلاء کے دلائل مکمل ہونے پر فیصلہ محفوظ کرلیا گیا۔ وزیراعظم نے اجلاس میں ملکی معاشی صورتحال کا جائزہ لیا اور مہنگائی پر قابو پانے کے لیے اقدامات کی ہدایت کی۔ اسلام آباد میں بجلی اور پٹرول کی قیمتوں میں اضافے کے خلاف شہریوں نے احتجاج کیا۔ الیکشن کمیشن نے انتخابات کی تیاریوں کے حوالے سے اہم فیصلے کیے۔ سپریم کورٹ کے حکم پر متعلقہ حکام کو نوٹس جاری کر دیے گئے۔
34
بقیہ
سیاسی جماعتوں نے الیکشن شیڈول کا مطالبہ کیا۔ عدالت نے کیس کی سماعت کے دوران وفاقی حکومت اور متعلقہ اداروں سے جواب طلب کرلیا، وکلاء کے دلائل مکمل ہونے پر فیصلہ محفوظ کرلیا گیا۔ وزیراعظم نے اجلاس میں ملکی معاشی صورتحال کا جائزہ لیا اور مہنگائی پر قابو پانے کے لیے اقدامات کی ہدایت کی۔ اسلام آباد میں بجلی اور پٹرول کی قیمتوں میں اضافے کے خلاف شہریوں نے احتجاج کیا۔ الیکشن کمیشن نے انتخابات کی تیاریوں کے حوالے سے اہم فیصلے کیے۔ سپریم کورٹ کے حکم پر متعلقہ حکام کو نوٹس جاری کر دیے گئے۔ عدالت نے کیس کی سماعت کے دوران وفاقی حکومت اور متعلقہ اداروں سے جواب طلب کرلیا، وکلاء کے دلائل مکمل ہونے پر فیصلہ محفوظ کرلیا گیا۔ وزیراعظم نے اجلاس میں ملکی معاشی صورتحال کا جائزہ لیا اور مہنگائی پر قابو پانے کے لیے اقدامات کی ہدایت کی۔ اسلام آباد میں بجلی اور پٹرول کی قیمتوں میں اضافے کے خلاف شہریوں نے احتجاج کیا۔ الیکشن کمیشن نے انتخابات کی تیاریوں کے حوالے سے اہم فیصلے کیے۔ سپریم کورٹ کے حکم پر متعلقہ حکام کو نوٹس جاری کر دیے گئے۔ عدالت نے کیس کی سماعت کے دوران وفاقی حکومت اور متعلقہ اداروں سے جواب طلب کرلیا، وکلاء کے دلائل مکمل ہونے پر فیصلہ محفوظ کرلیا گیا۔ وزیراعظم نے اجلاس میں ملکی معاشی صورتحال کا جائزہ لیا اور مہنگائی پر قابو پانے کے لیے اقدامات کی ہدایت کی۔ اسلام آباد میں بجلی اور پٹرول کی قیمتوں میں اضافے کے خلاف شہریوں نے احتجاج کیا۔ الیکشن کمیشن نے انتخابات کی تیاریوں کے حوالے سے اہم فیصلے کیے۔ سپریم کورٹ کے حکم پر متعلقہ حکام کو نوٹس جاری کر دیے گئے۔
35
بقیہ
عدالت نے سماعت ملتوی کر دی۔ عدالت نے کیس کی سماعت کے دوران وفاقی حکومت اور متعلقہ اداروں سے جواب طلب کرلیا، وکلاء کے دلائل مکمل ہونے پر فیصلہ محفوظ کرلیا گیا۔ وزیراعظم نے اجلاس میں ملکی معاشی صورتحال کا جائزہ لیا اور مہنگائی پر قابو پانے کے لیے اقدامات کی ہدایت کی۔ اسلام آباد میں بجلی اور پٹرول کی قیمتوں میں اضافے کے خلاف شہریوں نے احتجاج کیا۔ الیکشن کمیشن نے انتخابات کی تیاریوں کے حوالے سے اہم فیصلے کیے۔ سپریم کورٹ کے حکم پر متعلقہ حکام کو نوٹس جاری کر دیے گئے۔ عدالت نے کیس کی سماعت کے دوران وفاقی حکومت اور متعلقہ اداروں سے جواب طلب کرلیا، وکلاء کے دلائل مکمل ہونے پر فیصلہ محفوظ کرلیا گیا۔ وزیراعظم نے اجلاس میں ملکی معاشی صورتحال کا جائزہ لیا اور مہنگائی پر قابو پانے کے لیے اقدامات کی ہدایت کی۔ اسلام آباد میں بجلی اور پٹرول کی قیمتوں میں اضافے کے خلاف شہریوں نے احتجاج کیا۔ الیکشن کمیشن نے انتخابات کی تیاریوں کے حوالے سے اہم فیصلے کیے۔ سپریم کورٹ کے حکم پر متعلقہ حکام کو نوٹس جاری کر دیے گئے۔ عدالت نے کیس کی سماعت کے دوران وفاقی حکومت اور متعلقہ اداروں سے جواب طلب کرلیا، وکلاء کے دلائل مکمل ہونے پر فیصلہ محفوظ کرلیا گیا۔ وزیراعظم نے اجلاس میں ملکی معاشی صورتحال کا جائزہ لیا اور مہنگائی پر قابو پانے کے لیے اقدامات کی ہدایت کی۔ اسلام آباد میں بجلی اور پٹرول کی قیمتوں میں اضافے کے خلاف شہریوں نے احتجاج کیا۔ الیکشن کمیشن نے انتخابات کی تیاریوں کے حوالے سے اہم فیصلے کیے۔ سپریم کورٹ کے حکم پر متعلقہ حکام کو نوٹس جاری کر دیے گئے۔ عدالت نے کیس کی سماعت کے دوران وفاقی حکومت اور متعلقہ اداروں سے جواب طلب کرلیا، وکلاء کے دلائل مکمل ہونے پر فیصلہ محفوظ کرلیا گیا۔ وزیراعظم نے اجلاس میں ملکی معاشی صورتحال کا جائزہ لیا اور مہنگائی پر قابو پانے کے لیے اقدامات کی ہدایت کی۔ اسلام آباد میں بجلی اور پٹرول کی قیمتوں میں اضافے کے خلاف شہریوں نے احتجاج کیا۔ الیکشن کمیشن نے انتخابات کی تیاریوں کے حوالے سے اہم فیصلے کیے۔ سپریم کورٹ کے حکم پر متعلقہ حکام کو نوٹس جاری کر دیے گئے۔
36
بقیہ
بلوچستان میں ترقیاتی کاموں کا جائزہ لیا گیا۔ عدالت نے کیس کی سماعت کے دوران وفاقی حکومت اور متعلقہ اداروں سے جواب طلب کرلیا، وکلاء کے دلائل مکمل ہونے پر فیصلہ محفوظ کرلیا گیا۔ وزیراعظم نے اجلاس میں ملکی معاشی صورتحال کا جائزہ لیا اور مہنگائی پر قابو پانے کے لیے اقدامات کی ہدایت
38
بقیہ
پشاور میں پولیس نے سرچ آپریشن کیا۔ عدالت نے کیس کی سماعت کے دوران وفاقی حکومت اور متعلقہ اداروں سے جواب طلب کرلیا، وکلاء کے دلائل مکمل ہونے پر فیصلہ محفوظ کرلیا گیا۔ وزیراعظم نے اجلاس میں ملکی معاشی صورتحال کا جائزہ لیا اور مہنگائی پر قابو پانے کے لیے اقدامات کی ہدایت کی۔ اسلام آباد میں بجلی اور پٹرول کی قیمتوں میں اضافے کے خلاف شہریوں نے احتجاج کیا۔ الیکشن کمیشن نے انتخابات کی تیاریوں کے حوالے سے اہم فیصلے کیے۔ سپریم کورٹ کے حکم پر متعلقہ حکام کو نوٹس جاری کر دیے گئے۔ عدالت نے کیس کی سماعت کے دوران وفاقی حکومت اور متعلقہ اداروں سے جواب طلب کرلیا، وکلاء کے دلائل مکمل ہونے پر فیصلہ محفوظ کرلیا گیا۔ وزیراعظم نے اجلاس میں ملکی معاشی صورتحال کا جائزہ لیا اور مہنگائی پر قابو پانے کے لیے اقدامات کی ہدایت کی۔ اسلام آباد میں بجلی اور پٹرول کی قیمتوں میں اضافے کے خلاف شہریوں نے احتجاج کیا۔ الیکشن کمیشن نے انتخابات کی تیاریوں کے حوالے سے اہم فیصلے کیے۔ سپریم کورٹ کے حکم پر متعلقہ حکام کو نوٹس جاری کر دیے گئے۔ عدالت نے کیس کی سماعت کے دوران وفاقی حکومت اور متعلقہ اداروں سے جواب طلب کرلیا، وکلاء کے دلائل مکمل ہونے پر فیصلہ محفوظ کرلیا گیا۔ وزیراعظم نے اجلاس میں ملکی معاشی صورتحال کا جائزہ لیا اور مہنگائی پر قابو پانے کے لیے اقدامات کی ہدایت کی۔ اسلام آباد میں بجلی اور پٹرول کی قیمتوں میں اضافے کے خلاف شہریوں نے احتجاج کیا۔ الیکشن کمیشن نے انتخابات کی تیاریوں کے حوالے سے اہم فیصلے کیے۔ سپریم کورٹ کے حکم پر متعلقہ حکام کو نوٹس جاری کر دیے گئے۔
39
بقیہ
ایف بی آر نے ٹیکس وصولیوں کا ہدف حاصل کر لیا۔ عدالت نے کیس کی سماعت کے دوران وفاقی حکومت اور متعلقہ اداروں سے جواب طلب کرلیا، وکلاء کے دلائل مکمل ہونے پر فیصلہ محفوظ کرلیا گیا۔ وزیراعظم نے اجلاس میں ملکی معاشی صورتحال کا جائزہ لیا اور مہنگائی پر قابو پانے کے لیے اقدامات کی ہدایت کی۔ اسلام آباد میں بجلی اور پٹرول کی قیمتوں میں اضافے کے خلاف شہریوں نے احتجاج کیا۔ الیکشن کمیشن نے انتخابات کی تیاریوں کے حوالے سے اہم فیصلے کیے۔ سپریم کورٹ کے حکم پر متعلقہ حکام کو نوٹس جاری کر دیے گئے۔ عدالت نے کیس کی سماعت کے دوران وفاقی حکومت اور متعلقہ اداروں سے جواب طلب کرلیا، وکلاء کے دلائل مکمل ہونے پر فیصلہ محفوظ کرلیا گیا۔ وزیراعظم نے اجلاس میں ملکی معاشی صورتحال کا جائزہ لیا اور مہنگائی پر قابو پانے کے لیے اقدامات کی ہدایت کی۔ اسلام آباد میں بجلی اور پٹرول کی قیمتوں میں اضافے کے خلاف شہریوں نے احتجاج کیا۔ الیکشن کمیشن نے انتخابات کی تیاریوں کے حوالے سے اہم فیصلے کیے۔ سپریم کورٹ کے حکم پر متعلقہ حکام کو نوٹس جاری کر دیے گئے۔ عدالت نے کیس کی سماعت کے دوران وفاقی حکومت اور متعلقہ اداروں سے جواب طلب کرلیا، وکلاء کے دلائل مکمل ہونے پر فیصلہ محفوظ کرلیا گیا۔ وزیراعظم نے اجلاس میں ملکی معاشی صورتحال کا جائزہ لیا اور مہنگائی پر قابو پانے کے لیے اقدامات کی ہدایت کی۔ اسلام آباد میں بجلی اور پٹرول کی قیمتوں میں اضافے کے خلاف شہریوں نے احتجاج کیا۔ الیکشن کمیشن نے انتخابات کی تیاریوں کے حوالے سے اہم فیصلے کیے۔ سپریم کورٹ کے حکم پر متعلقہ حکام کو نوٹس جاری کر دیے گئے۔ عدالت نے کیس کی سماعت کے دوران وفاقی حکومت اور متعلقہ اداروں سے جواب طلب کرلیا، وکلاء کے دلائل مکمل ہونے پر فیصلہ محفوظ کرلیا گیا۔ وزیراعظم نے اجلاس میں ملکی معاشی صورتحال کا جائزہ لیا اور مہنگائی پر قابو پانے کے لیے اقدامات کی ہدایت کی۔ اسلام آباد میں بجلی اور پٹرول کی قیمتوں میں اضافے کے خلاف شہریوں نے احتجاج کیا۔ الیکشن کمیشن نے انتخابات کی تیاریوں کے حوالے سے اہم فیصلے کیے۔ سپریم کورٹ کے حکم پر متعلقہ حکام کو نوٹس جاری کر دیے گئے۔
40
بقیہ
محکمہ صحت نے ڈینگی سے بچاؤ کی مہم شروع کر دی۔ عدالت نے کیس کی سماعت کے دوران وفاقی حکومت اور متعلقہ اداروں سے جواب طلب کرلیا، وکلاء کے دلائل مکمل ہونے پر فیصلہ محفوظ کرلیا گیا۔ وزیراعظم نے اجلاس میں ملکی معاشی صورتحال کا جائزہ لیا اور مہنگائی پر قابو پانے کے لیے اقدامات کی ہدایت کی۔ اسلام آباد میں بجلی اور پٹرول کی قیمتوں میں اضافے کے خلاف شہریوں نے احتجاج کیا۔ الیکشن کمیشن نے انتخابات کی تیاریوں کے حوالے سے اہم فیصلے کیے۔ سپریم کورٹ کے حکم پر متعلقہ حکام کو نوٹس جاری کر دیے گئے۔ عدالت نے کیس کی سماعت کے دوران وفاقی حکومت اور متعلقہ اداروں سے جواب طلب کرلیا، وکلاء کے دلائل مکمل ہونے پر فیصلہ محفوظ کرلیا گیا۔ وزیراعظم نے اجلاس میں ملکی معاشی صورتحال کا جائزہ لیا اور مہنگائی پر قابو پانے کے لیے اقدامات کی ہدایت کی۔ اسلام آباد میں بجلی اور پٹرول کی قیمتوں میں اضافے کے خلاف شہریوں نے احتجاج کیا۔ الیکشن کمیشن نے انتخابات کی تیاریوں کے حوالے سے اہم فیصلے کیے۔ سپریم کورٹ کے حکم پر متعلقہ حکام کو نوٹس جاری کر دیے گئے۔ عدالت نے کیس کی سماعت کے دوران وفاقی حکومت اور متعلقہ اداروں سے جواب طلب کرلیا، وکلاء کے دلائل مکمل ہونے پر فیصلہ محفوظ کرلیا گیا۔ وزیراعظم نے اجلاس میں ملکی معاشی صورتحال کا جائزہ لیا اور مہنگائی پر قابو پانے کے لیے اقدامات کی ہدایت کی۔ اسلام آباد میں بجلی اور پٹرول کی قیمتوں میں اضافے کے خلاف شہریوں نے احتجاج کیا۔ الیکشن کمیشن نے انتخابات کی تیاریوں کے حوالے سے اہم فیصلے کیے۔ سپریم کورٹ کے حکم پر متعلقہ حکام کو نوٹس جاری کر دیے گئے۔ عدالت نے کیس کی سماعت کے دوران وفاقی حکومت اور متعلقہ اداروں سے جواب طلب کرلیا، وکلاء کے دلائل مکمل ہونے پر فیصلہ محفوظ کرلیا گیا۔ وزیراعظم نے اجلاس میں ملکی معاشی صورتحال کا جائزہ لیا اور مہنگائی پر قابو پانے کے لیے اقدامات کی ہدایت کی۔ اسلام آباد میں بجلی اور پٹرول کی قیمتوں میں اضافے کے خلاف شہریوں نے احتجاج کیا۔ الیکشن کمیشن نے انتخابات کی تیاریوں کے حوالے سے اہم فیصلے کیے۔ سپریم کورٹ کے حکم پر متعلقہ حکام کو نوٹس جاری کر دیے گئے۔ عدالت نے کیس کی سماعت کے دوران وفاقی حکومت اور متعلقہ اداروں سے جواب طلب کرلیا، وکلاء کے دلائل مکمل ہونے پر فیصلہ محفوظ کرلیا گیا۔ وزیراعظم نے اجلاس میں ملکی معاشی صورتحال کا جائزہ لیا اور مہنگائی پر قابو پانے کے لیے اقدامات کی ہدایت کی۔ اسلام آباد میں بجلی اور پٹرول کی قیمتوں میں اضافے کے خلاف شہریوں نے احتجاج کیا۔ الیکشن کمیشن نے انتخابات کی تیاریوں کے حوالے سے اہم فیصلے کیے۔ سپریم کورٹ کے حکم پر متعلقہ حکام کو نوٹس جاری کر دیے گئے۔
41
بقیہ
گورنر نے یونیورسٹی کے کانووکیشن سے خطاب کیا۔ عدالت نے کیس کی سماعت کے دوران وفاقی حکومت اور متعلقہ اداروں سے جواب طلب کرلیا، وکلاء کے دلائل مکمل ہونے پر فیصلہ محفوظ کرلیا گیا۔ وزیراعظم نے اجلاس میں ملکی معاشی صورتحال کا جائزہ لیا اور مہنگائی پر قابو پانے کے لیے اقدامات کی ہدایت کی۔ اسلام آباد میں بجلی اور پٹرول کی قیمتوں میں اضافے کے خلاف شہریوں نے احتجاج کیا۔ الیکشن کمیشن نے انتخابات کی تیاریوں کے حوالے سے اہم فیصلے کیے۔ سپریم کورٹ کے حکم پر متعلقہ حکام کو نوٹس جاری کر دیے گئے۔ عدالت نے کیس کی سماعت کے دوران وفاقی حکومت اور متعلقہ اداروں سے جواب طلب کرلیا، وکلاء کے دلائل مکمل ہونے پر فیصلہ محفوظ کرلیا گیا۔ وزیراعظم نے اجلاس میں ملکی معاشی صورتحال کا جائزہ لیا اور مہنگائی پر قابو پانے کے لیے اقدامات کی ہدایت کی۔ اسلام آباد میں بجلی اور پٹرول کی قیمتوں میں اضافے کے خلاف شہریوں نے احتجاج کیا۔ الیکشن کمیشن نے انتخابات کی تیاریوں کے حوالے سے اہم فیصلے کیے۔ سپریم کورٹ کے حکم پر متعلقہ حکام کو نوٹس جاری کر دیے گئے۔
42
بقیہ
سپریم کورٹ میں نظرثانی درخواست دائر کر دی گئی۔ عدالت نے کیس کی سماعت کے دوران وفاقی حکومت اور متعلقہ اداروں سے جواب طلب کرلیا، وکلاء کے دلائل مکمل ہونے پر فیصلہ محفوظ کرلیا گیا۔ وزیراعظم نے اجلاس میں ملکی معاشی صورتحال کا جائزہ لیا اور مہنگائی پر قابو پانے کے لیے اقدامات کی ہدایت کی۔ اسلام آباد میں بجلی اور پٹرول کی قیمتوں میں اضافے کے خلاف شہریوں نے احتجاج کیا۔ الیکشن کمیشن نے انتخابات کی تیاریوں کے حوالے سے اہم فیصلے کیے۔ سپریم کورٹ کے حکم پر متعلقہ حکام کو نوٹس جاری کر دیے گئے۔ عدالت نے کیس کی سماعت کے دوران وفاقی حکومت اور متعلقہ اداروں سے جواب طلب کرلیا، وکلاء کے دلائل مکمل ہونے پر فیصلہ محفوظ کرلیا گیا۔ وزیراعظم نے اجلاس میں ملکی معاشی صورتحال کا جائزہ لیا اور مہنگائی پر قابو پانے کے لیے اقدامات کی ہدایت کی۔ اسلام آباد میں بجلی اور پٹرول کی قیمتوں میں اضافے کے خلاف شہریوں نے احتجاج کیا۔ الیکشن کمیشن نے انتخابات کی تیاریوں کے حوالے سے اہم فیصلے کیے۔ سپریم کورٹ کے حکم پر متعلقہ حکام کو نوٹس جاری کر دیے گئے۔ عدالت نے کیس کی سماعت کے دوران وفاقی حکومت اور متعلقہ اداروں سے جواب طلب کرلیا، وکلاء کے دلائل مکمل ہونے پر فیصلہ محفوظ کرلیا گیا۔ وزیراعظم نے اجلاس میں ملکی معاشی صورتحال کا جائزہ لیا اور مہنگائی پر قابو پانے کے لیے اقدامات کی ہدایت کی۔ اسلام آباد میں بجلی اور پٹرول کی قیمتوں میں اضافے کے خلاف شہریوں نے احتجاج کیا۔ الیکشن کمیشن نے انتخابات کی تیاریوں کے حوالے سے اہم فیصلے کیے۔ سپریم کورٹ کے حکم پر متعلقہ حکام کو نوٹس جاری کر دیے گئے۔
43
بقیہ
چینی کی قیمتوں میں اضافے کا نوٹس لیا گیا۔ عدالت نے کیس کی سماعت کے دوران وفاقی حکومت اور متعلقہ اداروں سے جواب طلب کرلیا، وکلاء کے دلائل مکمل ہونے پر فیصلہ محفوظ کرلیا گیا۔ وزیراعظم نے اجلاس میں ملکی معاشی صورتحال کا جائزہ لیا اور مہنگائی پر قابو پانے کے لیے اقدامات کی ہدایت کی۔ اسلام آباد میں بجلی اور پٹرول کی قیمتوں میں اضافے کے خلاف شہریوں نے احتجاج کیا۔ الیکشن کمیشن نے انتخابات کی تیاریوں کے حوالے سے اہم فیصلے کیے۔ سپریم کورٹ کے حکم پر متعلقہ حکام کو نوٹس جاری کر دیے گئے۔ عدالت نے کیس کی سماعت کے دوران وفاقی حکومت اور متعلقہ اداروں سے جواب طلب کرلیا، وکلاء کے دلائل مکمل ہونے پر فیصلہ محفوظ کرلیا گیا۔ وزیراعظم نے اجلاس میں ملکی معاشی صورتحال کا جائزہ لیا اور مہنگائی پر قابو پانے کے لیے اقدامات کی ہدایت
49
بقیہ
بنانے کے لیے عملی اقدامات کیے جائیں گے۔ عدالت نے کیس کی سماعت کے دوران وفاقی حکومت اور متعلقہ اداروں سے جواب طلب کرلیا، وکلاء کے دلائل مکمل ہونے پر فیصلہ محفوظ کرلیا گیا۔ وزیراعظم نے اجلاس میں ملکی معاشی صورتحال کا جائزہ لیا اور مہنگائی پر قابو پانے کے لیے اقدامات کی ہدایت کی۔ اسلام آباد میں بجلی اور پٹرول کی قیمتوں میں اضافے کے خلاف شہریوں نے احتجاج کیا۔ الیکشن کمیشن نے انتخابات کی تیاریوں کے حوالے سے اہم فیصلے کیے۔ سپریم کورٹ کے حکم پر متعلقہ حکام کو نوٹس جاری کر دیے گئے۔ عدالت نے کیس کی سماعت کے دوران وفاقی حکومت اور متعلقہ اداروں سے جواب طلب کرلیا، وکلاء کے دلائل مکمل ہونے پر فیصلہ محفوظ کرلیا گیا۔ وزیراعظم نے اجلاس میں ملکی معاشی صورتحال کا جائزہ لیا اور مہنگائی پر قابو پانے کے لیے اقدامات کی ہدایت کی۔ اسلام آباد میں بجلی اور پٹرول کی قیمتوں میں اضافے کے خلاف شہریوں نے احتجاج کیا۔ الیکشن کمیشن نے انتخابات کی تیاریوں کے حوالے سے اہم فیصلے کیے۔ سپریم کورٹ کے حکم پر متعلقہ حکام کو نوٹس جاری کر دیے گئے۔
50
بقیہ
الیکشن کمیشن کا اجلاس طلب کیا گیا۔ عدالت نے کیس کی سماعت کے دوران وفاقی حکومت اور متعلقہ اداروں سے جواب طلب کرلیا، وکلاء کے دلائل مکمل ہونے پر فیصلہ محفوظ کرلیا گیا۔ وزیراعظم نے اجلاس میں ملکی معاشی صورتحال کا جائزہ لیا اور مہنگائی پر قابو پانے کے لیے اقدامات کی ہدایت کی۔ اسلام آباد میں بجلی اور پٹرول کی قیمتوں میں اضافے کے خلاف شہریوں نے احتجاج کیا۔ الیکشن کمیشن نے انتخابات کی تیاریوں کے حوالے سے اہم فیصلے کیے۔ سپریم کورٹ کے حکم پر متعلقہ حکام کو نوٹس جاری کر دیے گئے۔ عدالت نے کیس کی سماعت کے دوران وفاقی حکومت اور متعلقہ اداروں سے جواب طلب کرلیا، وکلاء کے دلائل مکمل ہونے پر فیصلہ محفوظ کرلیا گیا۔ وزیراعظم نے اجلاس میں ملکی معاشی صورتحال کا جائزہ لیا اور مہنگائی پر قابو پانے کے لیے اقدامات کی ہدایت کی۔ اسلام آباد میں بجلی اور پٹرول کی قیمتوں میں اضافے کے خلاف شہریوں نے احتجاج کیا۔ الیکشن کمیشن نے انتخابات کی تیاریوں کے حوالے سے اہم فیصلے کیے۔ سپریم کورٹ کے حکم پر متعلقہ حکام کو نوٹس جاری کر دیے گئے۔ عدالت نے کیس کی سماعت کے دوران وفاقی حکومت اور متعلقہ اداروں سے جواب طلب کرلیا، وکلاء کے دلائل مکمل ہونے پر فیصلہ محفوظ کرلیا گیا۔ وزیراعظم نے اجلاس میں ملکی معاشی صورتحال کا جائزہ لیا اور مہنگائی پر قابو پانے کے لیے اقدامات کی ہدایت کی۔ اسلام آباد میں بجلی اور پٹرول کی قیمتوں میں اضافے کے خلاف شہریوں نے احتجاج کیا۔ الیکشن کمیشن نے انتخابات کی تیاریوں کے حوالے سے اہم فیصلے کیے۔ سپریم کورٹ کے حکم پر متعلقہ حکام کو نوٹس جاری کر دیے گئے۔
51
بقیہ
کسانوں کو کھاد کی فراہمی یقینی بنانے کا فیصلہ کیا گیا۔ عدالت نے کیس کی سماعت کے دوران وفاقی حکومت اور متعلقہ اداروں سے جواب طلب کرلیا، وکلاء کے دلائل مکمل ہونے پر فیصلہ محفوظ کرلیا گیا۔ وزیراعظم نے اجلاس میں ملکی معاشی صورتحال کا جائزہ لیا اور مہنگائی پر قابو پانے کے لیے اقدامات کی ہدایت کی۔ اسلام آباد میں بجلی اور پٹرول کی قیمتوں میں اضافے کے خلاف شہریوں نے احتجاج کیا۔ الیکشن کمیشن نے انتخابات کی تیاریوں کے حوالے سے اہم فیصلے کیے۔ سپریم کورٹ کے حکم پر متعلقہ حکام کو نوٹس جاری کر دیے گئے۔ عدالت نے کیس کی سماعت کے دوران وفاقی حکومت اور متعلقہ اداروں سے جواب طلب کرلیا، وکلاء کے دلائل مکمل ہونے پر فیصلہ محفوظ کرلیا گیا۔ وزیراعظم نے اجلاس میں ملکی معاشی صورتحال کا جائزہ لیا اور مہنگائی پر قابو پانے کے لیے اقدامات کی ہدایت کی۔ اسلام آباد میں بجلی اور پٹرول کی قیمتوں میں اضافے کے خلاف شہریوں نے احتجاج کیا۔ الیکشن کمیشن نے انتخابات کی تیاریوں کے حوالے سے اہم فیصلے کیے۔ سپریم کورٹ کے حکم پر متعلقہ حکام کو نوٹس جاری کر دیے گئے۔ عدالت نے کیس کی سماعت کے دوران وفاقی حکومت اور متعلقہ اداروں سے جواب طلب کرلیا، وکلاء کے دلائل مکمل ہونے پر فیصلہ محفوظ کرلیا گیا۔ وزیراعظم نے اجلاس میں ملکی معاشی صورتحال کا جائزہ لیا اور مہنگائی پر قابو پانے کے لیے اقدامات کی ہدایت کی۔ اسلام آباد میں بجلی اور پٹرول کی قیمتوں میں اضافے کے خلاف شہریوں نے احتجاج کیا۔ الیکشن کمیشن نے انتخابات کی تیاریوں کے حوالے سے اہم فیصلے کیے۔ سپریم کورٹ کے حکم پر متعلقہ حکام کو نوٹس جاری کر دیے گئے۔ عدالت نے کیس کی سماعت کے دوران وفاقی حکومت اور متعلقہ اداروں سے جواب طلب کرلیا، وکلاء کے دلائل مکمل ہونے پر فیصلہ محفوظ کرلیا گیا۔ وزیراعظم نے اجلاس میں ملکی معاشی صورتحال کا جائزہ لیا اور مہنگائی پر قابو پانے کے لیے اقدامات کی ہدایت کی۔ اسلام آباد میں بجلی اور پٹرول کی قیمتوں میں اضافے کے خلاف شہریوں نے احتجاج کیا۔ الیکشن کمیشن نے انتخابات کی تیاریوں کے حوالے سے اہم فیصلے کیے۔ سپریم کورٹ کے حکم پر متعلقہ حکام کو نوٹس جاری کر دیے گئے۔
52
بقیہ
گیس کی لوڈشیڈنگ کے خلاف مظاہرہ کیا گیا۔ عدالت نے کیس کی سماعت کے دوران وفاقی حکومت اور متعلقہ اداروں سے جواب طلب کرلیا، وکلاء کے دلائل مکمل ہونے پر فیصلہ محفوظ کرلیا گیا۔ وزیراعظم نے اجلاس میں ملکی معاشی صورتحال کا جائزہ لیا اور مہنگائی پر قابو پانے کے لیے اقدامات کی ہدایت کی۔ اسلام آباد میں بجلی اور پٹرول کی قیمتوں میں اضافے کے خلاف شہریوں نے احتجاج کیا۔ الیکشن کمیشن نے انتخابات کی تیاریوں کے حوالے سے اہم فیصلے کیے۔ سپریم کورٹ کے حکم پر متعلقہ حکام کو نوٹس جاری کر دیے گئے۔ عدالت نے کیس کی سماعت کے دوران وفاقی حکومت اور متعلقہ اداروں سے جواب طلب کرلیا، وکلاء کے دلائل مکمل ہونے پر فیصلہ محفوظ کرلیا گیا۔ وزیراعظم نے اجلاس میں ملکی معاشی صورتحال کا جائزہ لیا اور مہنگائی پر قابو پانے کے لیے اقدامات کی ہدایت کی۔ اسلام آباد میں بجلی اور پٹرول کی قیمتوں میں اضافے کے خلاف شہریوں نے احتجاج کیا۔ الیکشن کمیشن نے انتخابات کی تیاریوں کے حوالے سے اہم فیصلے کیے۔ سپریم کورٹ کے حکم پر متعلقہ حکام کو نوٹس جاری کر دیے گئے۔ عدالت نے کیس کی سماعت کے دوران وفاقی حکومت اور متعلقہ اداروں سے جواب طلب کرلیا، وکلاء کے دلائل مکمل ہونے پر فیصلہ محفوظ کرلیا گیا۔ وزیراعظم نے اجلاس میں ملکی معاشی صورتحال کا جائزہ لیا اور مہنگائی پر قابو پانے کے لیے اقدامات کی ہدایت کی۔ اسلام آباد میں بجلی اور پٹرول کی قیمتوں میں اضافے کے خلاف شہریوں نے احتجاج کیا۔ الیکشن کمیشن نے انتخابات کی تیاریوں کے حوالے سے اہم فیصلے کیے۔ سپریم کورٹ کے حکم پر متعلقہ حکام کو نوٹس جاری کر دیے گئے۔ عدالت نے کیس کی سماعت کے دوران وفاقی حکومت اور متعلقہ اداروں سے جواب طلب کرلیا، وکلاء کے دلائل مکمل ہونے پر فیصلہ محفوظ کرلیا گیا۔ وزیراعظم نے اجلاس میں ملکی معاشی صورتحال کا جائزہ لیا اور مہنگائی پر قابو پانے کے لیے اقدامات کی ہدایت کی۔ اسلام آباد میں بجلی اور پٹرول کی قیمتوں میں اضافے کے خلاف شہریوں نے احتجاج کیا۔ الیکشن کمیشن نے انتخابات کی تیاریوں کے حوالے سے اہم فیصلے کیے۔ سپریم کورٹ کے حکم پر متعلقہ حکام کو نوٹس جاری کر دیے گئے۔ عدالت نے کیس کی سماعت کے دوران وفاقی حکومت اور متعلقہ اداروں سے جواب طلب کرلیا، وکلاء کے دلائل مکمل ہونے پر فیصلہ محفوظ کرلیا گیا۔ وزیراعظم نے اجلاس میں ملکی معاشی صورتحال کا جائزہ لیا اور مہنگائی پر قابو پانے کے لیے اقدامات کی ہدایت کی۔ اسلام آباد میں بجلی اور پٹرول کی قیمتوں میں اضافے کے خلاف شہریوں نے احتجاج کیا۔ الیکشن کمیشن نے انتخابات کی تیاریوں کے حوالے سے اہم فیصلے کیے۔ سپریم کورٹ کے حکم پر متعلقہ حکام کو نوٹس جاری کر دیے گئے۔
53
بقیہ
پولیس نے منشیات فروش گرفتار کر لیا۔ عدالت نے کیس کی سماعت کے دوران وفاقی حکومت اور متعلقہ اداروں سے جواب طلب کرلیا، وکلاء کے دلائل مکمل ہونے پر فیصلہ محفوظ کرلیا گیا۔ وزیراعظم نے اجلاس میں ملکی معاشی صورتحال کا جائزہ لیا اور مہنگائی پر قابو پانے کے لیے اقدامات کی ہدایت کی۔ اسلام آباد میں بجلی اور پٹرول کی قیمتوں میں اضافے کے خلاف شہریوں نے احتجاج کیا۔ الیکشن کمیشن نے انتخابات کی تیاریوں کے حوالے سے اہم فیصلے کیے۔ سپریم کورٹ کے حکم پر متعلقہ حکام کو نوٹس جاری کر دیے گئے۔ عدالت نے کیس کی سماعت کے دوران وفاقی حکومت اور متعلقہ اداروں سے جواب طلب کرلیا، وکلاء کے دلائل مکمل ہونے پر فیصلہ محفوظ کرلیا گیا۔ وزیراعظم نے اجلاس میں ملکی معاشی صورتحال کا جائزہ لیا اور مہنگائی پر قابو پانے کے لیے اقدامات کی ہدایت کی۔ اسلام آباد میں بجلی اور پٹرول کی قیمتوں میں اضافے کے خلاف شہریوں نے احتجاج کیا۔ الیکشن کمیشن نے انتخابات کی تیاریوں کے حوالے سے اہم فیصلے کیے۔ سپریم کورٹ کے حکم پر متعلقہ حکام کو نوٹس جاری کر دیے گئے۔
54
بقیہ
تعلیمی بورڈ نے نتائج کا اعلان کر دیا۔ عدالت نے کیس کی سماعت کے دوران وفاقی حکومت اور متعلقہ اداروں سے جواب طلب کرلیا، وکلاء کے دلائل مکمل ہونے پر فیصلہ محفوظ کرلیا گیا۔ وزیراعظم نے اجلاس میں ملکی معاشی صورتحال کا جائزہ لیا اور مہنگائی پر قابو پانے کے لیے اقدامات کی ہدایت کی۔ اسلام آباد میں بجلی اور پٹرول کی قیمتوں میں اضافے کے خلاف شہریوں نے احتجاج کیا۔ الیکشن کمیشن نے انتخابات کی تیاریوں کے حوالے سے اہم فیصلے کیے۔ سپریم کورٹ کے حکم پر متعلقہ حکام کو نوٹس جاری کر دیے گئے۔ عدالت نے کیس کی سماعت کے دوران وفاقی حکومت اور متعلقہ اداروں سے جواب طلب کرلیا، وکلاء کے دلائل مکمل ہونے پر فیصلہ محفوظ کرلیا گیا۔ وزیراعظم نے اجلاس میں ملکی معاشی صورتحال کا جائزہ لیا اور مہنگائی پر قابو پانے کے لیے اقدامات کی ہدایت کی۔ اسلام آباد میں بجلی اور پٹرول کی قیمتوں میں اضافے کے خلاف شہریوں نے احتجاج کیا۔ الیکشن کمیشن نے انتخابات کی تیاریوں کے حوالے سے اہم فیصلے کیے۔ سپریم کورٹ کے حکم پر متعلقہ حکام کو نوٹس جاری کر دیے گئے۔ عدالت نے کیس کی سماعت کے دوران وفاقی حکومت اور متعلقہ اداروں سے جواب طلب کرلیا، وکلاء کے دلائل مکمل ہونے پر فیصلہ محفوظ کرلیا گیا۔ وزیراعظم نے اجلاس میں ملکی معاشی صورتحال کا جائزہ لیا اور مہنگائی پر قابو پانے کے لیے اقدامات کی ہدایت
